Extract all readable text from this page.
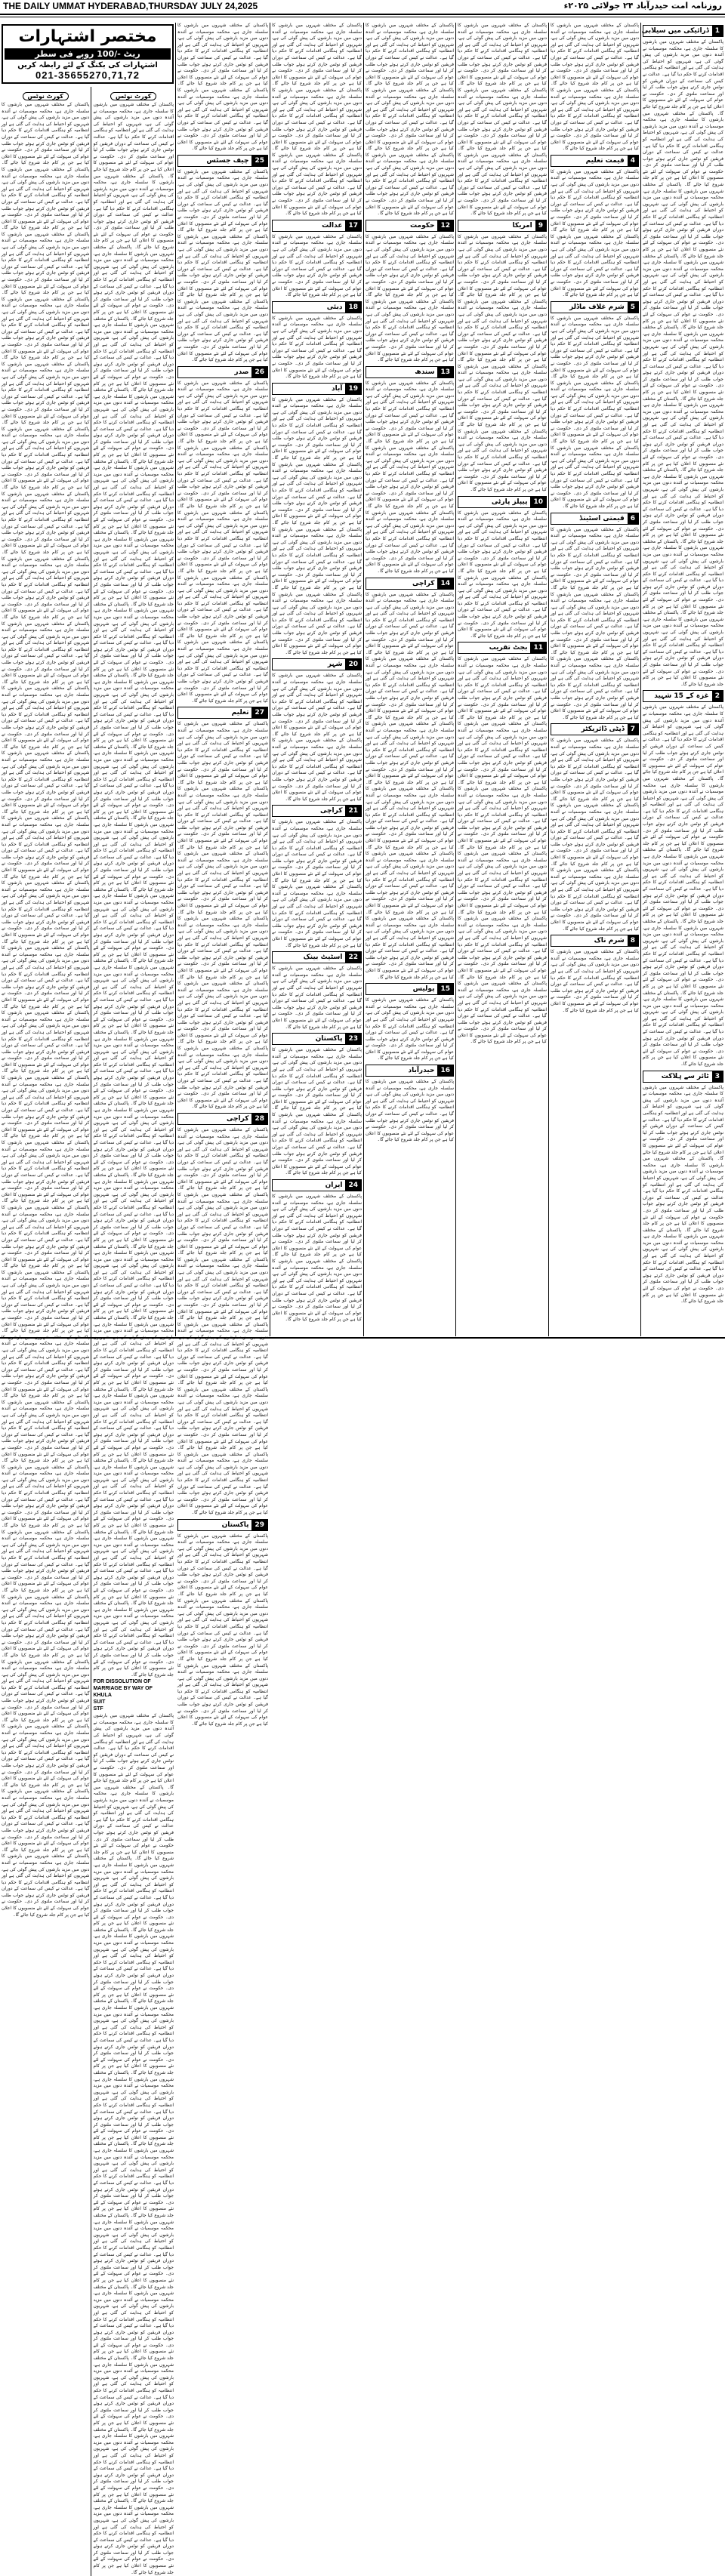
THE DAILY UMMAT HYDERABAD,THURSDAY JULY 24,2025	روزنامہ امت حیدرآباد ۲۴ جولائی ۲۰۲۵ء
مختصر اشتہارات
ریٹ -/100 روپے فی سطر
اشتہارات کی بکنگ کے لئے رابطہ کریں
021-35655270,71,72
کورٹ نوٹس

پاکستان کے مختلف شہروں میں بارشوں کا سلسلہ جاری ہے، محکمہ موسمیات نے آئندہ دنوں میں مزید بارشوں کی پیش گوئی کی ہے، شہریوں کو احتیاط کی ہدایت کی گئی ہے اور انتظامیہ کو ہنگامی اقدامات کرنے کا حکم دیا گیا ہے۔ عدالت نے کیس کی سماعت کے دوران فریقین کو نوٹس جاری کرتے ہوئے جواب طلب کر لیا اور سماعت ملتوی کر دی۔ حکومت نے عوام کی سہولت کے لئے نئے منصوبوں کا اعلان کیا ہے جن پر کام جلد شروع کیا جائے گا۔ پاکستان کے مختلف شہروں میں بارشوں کا سلسلہ جاری ہے، محکمہ موسمیات نے آئندہ دنوں میں مزید بارشوں کی پیش گوئی کی ہے، شہریوں کو احتیاط کی ہدایت کی گئی ہے اور انتظامیہ کو ہنگامی اقدامات کرنے کا حکم دیا گیا ہے۔ عدالت نے کیس کی سماعت کے دوران فریقین کو نوٹس جاری کرتے ہوئے جواب طلب کر لیا اور سماعت ملتوی کر دی۔ حکومت نے عوام کی سہولت کے لئے نئے منصوبوں کا اعلان کیا ہے جن پر کام جلد شروع کیا جائے گا۔ پاکستان کے مختلف شہروں میں بارشوں کا سلسلہ جاری ہے، محکمہ موسمیات نے آئندہ دنوں میں مزید بارشوں کی پیش گوئی کی ہے، شہریوں کو احتیاط کی ہدایت کی گئی ہے اور انتظامیہ کو ہنگامی اقدامات کرنے کا حکم دیا گیا ہے۔ عدالت نے کیس کی سماعت کے دوران فریقین کو نوٹس جاری کرتے ہوئے جواب طلب کر لیا اور سماعت ملتوی کر دی۔ حکومت نے عوام کی سہولت کے لئے نئے منصوبوں کا اعلان کیا ہے جن پر کام جلد شروع کیا جائے گا۔ پاکستان کے مختلف شہروں میں بارشوں کا سلسلہ جاری ہے، محکمہ موسمیات نے آئندہ دنوں میں مزید بارشوں کی پیش گوئی کی ہے، شہریوں کو احتیاط کی ہدایت کی گئی ہے اور انتظامیہ کو ہنگامی اقدامات کرنے کا حکم دیا گیا ہے۔ عدالت نے کیس کی سماعت کے دوران فریقین کو نوٹس جاری کرتے ہوئے جواب طلب کر لیا اور سماعت ملتوی کر دی۔ حکومت نے عوام کی سہولت کے لئے نئے منصوبوں کا اعلان کیا ہے جن پر کام جلد شروع کیا جائے گا۔ پاکستان کے مختلف شہروں میں بارشوں کا سلسلہ جاری ہے، محکمہ موسمیات نے آئندہ دنوں میں مزید بارشوں کی پیش گوئی کی ہے، شہریوں کو احتیاط کی ہدایت کی گئی ہے اور انتظامیہ کو ہنگامی اقدامات کرنے کا حکم دیا گیا ہے۔ عدالت نے کیس کی سماعت کے دوران فریقین کو نوٹس جاری کرتے ہوئے جواب طلب کر لیا اور سماعت ملتوی کر دی۔ حکومت نے عوام کی سہولت کے لئے نئے منصوبوں کا اعلان کیا ہے جن پر کام جلد شروع کیا جائے گا۔ پاکستان کے مختلف شہروں میں بارشوں کا سلسلہ جاری ہے، محکمہ موسمیات نے آئندہ دنوں میں مزید بارشوں کی پیش گوئی کی ہے، شہریوں کو احتیاط کی ہدایت کی گئی ہے اور انتظامیہ کو ہنگامی اقدامات کرنے کا حکم دیا گیا ہے۔ عدالت نے کیس کی سماعت کے دوران فریقین کو نوٹس جاری کرتے ہوئے جواب طلب کر لیا اور سماعت ملتوی کر دی۔ حکومت نے عوام کی سہولت کے لئے نئے منصوبوں کا اعلان کیا ہے جن پر کام جلد شروع کیا جائے گا۔ پاکستان کے مختلف شہروں میں بارشوں کا سلسلہ جاری ہے، محکمہ موسمیات نے آئندہ دنوں میں مزید بارشوں کی پیش گوئی کی ہے، شہریوں کو احتیاط کی ہدایت کی گئی ہے اور انتظامیہ کو ہنگامی اقدامات کرنے کا حکم دیا گیا ہے۔ عدالت نے کیس کی سماعت کے دوران فریقین کو نوٹس جاری کرتے ہوئے جواب طلب کر لیا اور سماعت ملتوی کر دی۔ حکومت نے عوام کی سہولت کے لئے نئے منصوبوں کا اعلان کیا ہے جن پر کام جلد شروع کیا جائے گا۔ پاکستان کے مختلف شہروں میں بارشوں کا سلسلہ جاری ہے، محکمہ موسمیات نے آئندہ دنوں میں مزید بارشوں کی پیش گوئی کی ہے، شہریوں کو احتیاط کی ہدایت کی گئی ہے اور انتظامیہ کو ہنگامی اقدامات کرنے کا حکم دیا گیا ہے۔ عدالت نے کیس کی سماعت کے دوران فریقین کو نوٹس جاری کرتے ہوئے جواب طلب کر لیا اور سماعت ملتوی کر دی۔ حکومت نے عوام کی سہولت کے لئے نئے منصوبوں کا اعلان کیا ہے جن پر کام جلد شروع کیا جائے گا۔ پاکستان کے مختلف شہروں میں بارشوں کا سلسلہ جاری ہے، محکمہ موسمیات نے آئندہ دنوں میں مزید بارشوں کی پیش گوئی کی ہے، شہریوں کو احتیاط کی ہدایت کی گئی ہے اور انتظامیہ کو ہنگامی اقدامات کرنے کا حکم دیا گیا ہے۔ عدالت نے کیس کی سماعت کے دوران فریقین کو نوٹس جاری کرتے ہوئے جواب طلب کر لیا اور سماعت ملتوی کر دی۔ حکومت نے عوام کی سہولت کے لئے نئے منصوبوں کا اعلان کیا ہے جن پر کام جلد شروع کیا جائے گا۔ پاکستان کے مختلف شہروں میں بارشوں کا سلسلہ جاری ہے، محکمہ موسمیات نے آئندہ دنوں میں مزید بارشوں کی پیش گوئی کی ہے، شہریوں کو احتیاط کی ہدایت کی گئی ہے اور انتظامیہ کو ہنگامی اقدامات کرنے کا حکم دیا گیا ہے۔ عدالت نے کیس کی سماعت کے دوران فریقین کو نوٹس جاری کرتے ہوئے جواب طلب کر لیا اور سماعت ملتوی کر دی۔ حکومت نے عوام کی سہولت کے لئے نئے منصوبوں کا اعلان کیا ہے جن پر کام جلد شروع کیا جائے گا۔ پاکستان کے مختلف شہروں میں بارشوں کا سلسلہ جاری ہے، محکمہ موسمیات نے آئندہ دنوں میں مزید بارشوں کی پیش گوئی کی ہے، شہریوں کو احتیاط کی ہدایت کی گئی ہے اور انتظامیہ کو ہنگامی اقدامات کرنے کا حکم دیا گیا ہے۔ عدالت نے کیس کی سماعت کے دوران فریقین کو نوٹس جاری کرتے ہوئے جواب طلب کر لیا اور سماعت ملتوی کر دی۔ حکومت نے عوام کی سہولت کے لئے نئے منصوبوں کا اعلان کیا ہے جن پر کام جلد شروع کیا جائے گا۔ پاکستان کے مختلف شہروں میں بارشوں کا سلسلہ جاری ہے، محکمہ موسمیات نے آئندہ دنوں میں مزید بارشوں کی پیش گوئی کی ہے، شہریوں کو احتیاط کی ہدایت کی گئی ہے اور انتظامیہ کو ہنگامی اقدامات کرنے کا حکم دیا گیا ہے۔ عدالت نے کیس کی سماعت کے دوران فریقین کو نوٹس جاری کرتے ہوئے جواب طلب کر لیا اور سماعت ملتوی کر دی۔ حکومت نے عوام کی سہولت کے لئے نئے منصوبوں کا اعلان کیا ہے جن پر کام جلد شروع کیا جائے گا۔ پاکستان کے مختلف شہروں میں بارشوں کا سلسلہ جاری ہے، محکمہ موسمیات نے آئندہ دنوں میں مزید بارشوں کی پیش گوئی کی ہے، شہریوں کو احتیاط کی ہدایت کی گئی ہے اور انتظامیہ کو ہنگامی اقدامات کرنے کا حکم دیا گیا ہے۔ عدالت نے کیس کی سماعت کے دوران فریقین کو نوٹس جاری کرتے ہوئے جواب طلب کر لیا اور سماعت ملتوی کر دی۔ حکومت نے عوام کی سہولت کے لئے نئے منصوبوں کا اعلان کیا ہے جن پر کام جلد شروع کیا جائے گا۔ پاکستان کے مختلف شہروں میں بارشوں کا سلسلہ جاری ہے، محکمہ موسمیات نے آئندہ دنوں میں مزید بارشوں کی پیش گوئی کی ہے، شہریوں کو احتیاط کی ہدایت کی گئی ہے اور انتظامیہ کو ہنگامی اقدامات کرنے کا حکم دیا گیا ہے۔ عدالت نے کیس کی سماعت کے دوران فریقین کو نوٹس جاری کرتے ہوئے جواب طلب کر لیا اور سماعت ملتوی کر دی۔ حکومت نے عوام کی سہولت کے لئے نئے منصوبوں کا اعلان کیا ہے جن پر کام جلد شروع کیا جائے گا۔ پاکستان کے مختلف شہروں میں بارشوں کا سلسلہ جاری ہے، محکمہ موسمیات نے آئندہ دنوں میں مزید بارشوں کی پیش گوئی کی ہے، شہریوں کو احتیاط کی ہدایت کی گئی ہے اور انتظامیہ کو ہنگامی اقدامات کرنے کا حکم دیا گیا ہے۔ عدالت نے کیس کی سماعت کے دوران فریقین کو نوٹس جاری کرتے ہوئے جواب طلب کر لیا اور سماعت ملتوی کر دی۔ حکومت نے عوام کی سہولت کے لئے نئے منصوبوں کا اعلان کیا ہے جن پر کام جلد شروع کیا جائے گا۔ پاکستان کے مختلف شہروں میں بارشوں کا سلسلہ جاری ہے، محکمہ موسمیات نے آئندہ دنوں میں مزید بارشوں کی پیش گوئی کی ہے، شہریوں کو احتیاط کی ہدایت کی گئی ہے اور انتظامیہ کو ہنگامی اقدامات کرنے کا حکم دیا گیا ہے۔ عدالت نے کیس کی سماعت کے دوران فریقین کو نوٹس جاری کرتے ہوئے جواب طلب کر لیا اور سماعت ملتوی کر دی۔ حکومت نے عوام کی سہولت کے لئے نئے منصوبوں کا اعلان کیا ہے جن پر کام جلد شروع کیا جائے گا۔ پاکستان کے مختلف شہروں میں بارشوں کا سلسلہ جاری ہے، محکمہ موسمیات نے آئندہ دنوں میں مزید بارشوں کی پیش گوئی کی ہے، شہریوں کو احتیاط کی ہدایت کی گئی ہے اور انتظامیہ کو ہنگامی اقدامات کرنے کا حکم دیا گیا ہے۔ عدالت نے کیس کی سماعت کے دوران فریقین کو نوٹس جاری کرتے ہوئے جواب طلب کر لیا اور سماعت ملتوی کر دی۔ حکومت نے عوام کی سہولت کے لئے نئے منصوبوں کا اعلان کیا ہے جن پر کام جلد شروع کیا جائے گا۔ پاکستان کے مختلف شہروں میں بارشوں کا سلسلہ جاری ہے، محکمہ موسمیات نے آئندہ دنوں میں مزید بارشوں کی پیش گوئی کی ہے، شہریوں کو احتیاط کی ہدایت کی گئی ہے اور انتظامیہ کو ہنگامی اقدامات کرنے کا حکم دیا گیا ہے۔ عدالت نے کیس کی سماعت کے دوران فریقین کو نوٹس جاری کرتے ہوئے جواب طلب کر لیا اور سماعت ملتوی کر دی۔ حکومت نے عوام کی سہولت کے لئے نئے منصوبوں کا اعلان کیا ہے جن پر کام جلد شروع کیا جائے گا۔ پاکستان کے مختلف شہروں میں بارشوں کا سلسلہ جاری ہے، محکمہ موسمیات نے آئندہ دنوں میں مزید بارشوں کی پیش گوئی کی ہے، شہریوں کو احتیاط کی ہدایت کی گئی ہے اور انتظامیہ کو ہنگامی اقدامات کرنے کا حکم دیا گیا ہے۔ عدالت نے کیس کی سماعت کے دوران فریقین کو نوٹس جاری کرتے ہوئے جواب طلب کر لیا اور سماعت ملتوی کر دی۔ حکومت نے عوام کی سہولت کے لئے نئے منصوبوں کا اعلان کیا ہے جن پر کام جلد شروع کیا جائے گا۔ سلسلہ جاری ہے، محکمہ موسمیات نے آئندہ دنوں میں مزید بارشوں کی پیش گوئی کی ہے، شہریوں کو احتیاط کی ہدایت کی گئی ہے اور انتظامیہ کو ہنگامی اقدامات کرنے کا حکم دیا گیا ہے۔ عدالت نے کیس کی سماعت کے دوران فریقین کو نوٹس جاری کرتے ہوئے جواب طلب کر لیا اور سماعت ملتوی کر دی۔ حکومت نے عوام کی سہولت کے لئے نئے منصوبوں کا اعلان کیا ہے جن پر کام جلد شروع کیا جائے گا۔ پاکستان کے مختلف شہروں میں بارشوں کا سلسلہ جاری ہے، محکمہ موسمیات نے آئندہ دنوں میں مزید بارشوں کی پیش گوئی کی ہے، شہریوں کو احتیاط کی ہدایت کی گئی ہے اور انتظامیہ کو ہنگامی اقدامات کرنے کا حکم دیا گیا ہے۔ عدالت نے کیس کی سماعت کے دوران فریقین کو نوٹس جاری کرتے ہوئے جواب طلب کر لیا اور سماعت ملتوی کر دی۔ حکومت نے عوام کی سہولت کے لئے نئے منصوبوں کا اعلان کیا ہے جن پر کام جلد شروع کیا جائے گا۔ پاکستان کے مختلف شہروں میں بارشوں کا سلسلہ جاری ہے، محکمہ موسمیات نے آئندہ دنوں میں مزید بارشوں کی پیش گوئی کی ہے، شہریوں کو احتیاط کی ہدایت کی گئی ہے اور انتظامیہ کو ہنگامی اقدامات کرنے کا حکم دیا گیا ہے۔ عدالت نے کیس کی سماعت کے دوران فریقین کو نوٹس جاری کرتے ہوئے جواب طلب کر لیا اور سماعت ملتوی کر دی۔ حکومت نے عوام کی سہولت کے لئے نئے منصوبوں کا اعلان کیا ہے جن پر کام جلد شروع کیا جائے گا۔ پاکستان کے مختلف شہروں میں بارشوں کا سلسلہ جاری ہے، محکمہ موسمیات نے آئندہ دنوں میں مزید بارشوں کی پیش گوئی کی ہے، شہریوں کو احتیاط کی ہدایت کی گئی ہے اور انتظامیہ کو ہنگامی اقدامات کرنے کا حکم دیا گیا ہے۔ عدالت نے کیس کی سماعت کے دوران فریقین کو نوٹس جاری کرتے ہوئے جواب طلب کر لیا اور سماعت ملتوی کر دی۔ حکومت نے عوام کی سہولت کے لئے نئے منصوبوں کا اعلان کیا ہے جن پر کام جلد شروع کیا جائے گا۔ پاکستان کے مختلف شہروں میں بارشوں کا سلسلہ جاری ہے، محکمہ موسمیات نے آئندہ دنوں میں مزید بارشوں کی پیش گوئی کی ہے، شہریوں کو احتیاط کی ہدایت کی گئی ہے اور انتظامیہ کو ہنگامی اقدامات کرنے کا حکم دیا گیا ہے۔ عدالت نے کیس کی سماعت کے دوران فریقین کو نوٹس جاری کرتے ہوئے جواب طلب کر لیا اور سماعت ملتوی کر دی۔ حکومت نے عوام کی سہولت کے لئے نئے منصوبوں کا اعلان کیا ہے جن پر کام جلد شروع کیا جائے گا۔ پاکستان کے مختلف شہروں میں بارشوں کا سلسلہ جاری ہے، محکمہ موسمیات نے آئندہ دنوں میں مزید بارشوں کی پیش گوئی کی ہے، شہریوں کو احتیاط کی ہدایت کی گئی ہے اور انتظامیہ کو ہنگامی اقدامات کرنے کا حکم دیا گیا ہے۔ عدالت نے کیس کی سماعت کے دوران فریقین کو نوٹس جاری کرتے ہوئے جواب طلب کر لیا اور سماعت ملتوی کر دی۔ حکومت نے عوام کی سہولت کے لئے نئے منصوبوں کا اعلان کیا ہے جن پر کام جلد شروع کیا جائے گا۔ پاکستان کے مختلف شہروں میں بارشوں کا سلسلہ جاری ہے، محکمہ موسمیات نے آئندہ دنوں میں مزید بارشوں کی پیش گوئی کی ہے، شہریوں کو احتیاط کی ہدایت کی گئی ہے اور انتظامیہ کو ہنگامی اقدامات کرنے کا حکم دیا گیا ہے۔ عدالت نے کیس کی سماعت کے دوران فریقین کو نوٹس جاری کرتے ہوئے جواب طلب کر لیا اور سماعت ملتوی کر دی۔ حکومت نے عوام کی سہولت کے لئے نئے منصوبوں کا اعلان کیا ہے جن پر کام جلد شروع کیا جائے گا۔ پاکستان کے مختلف شہروں میں بارشوں کا سلسلہ جاری ہے، محکمہ موسمیات نے آئندہ دنوں میں مزید بارشوں کی پیش گوئی کی ہے، شہریوں کو احتیاط کی ہدایت کی گئی ہے اور انتظامیہ کو ہنگامی اقدامات کرنے کا حکم دیا گیا ہے۔ عدالت نے کیس کی سماعت کے دوران فریقین کو نوٹس جاری کرتے ہوئے جواب طلب کر لیا اور سماعت ملتوی کر دی۔ حکومت نے عوام کی سہولت کے لئے نئے منصوبوں کا اعلان کیا ہے جن پر کام جلد شروع کیا جائے گا۔ پاکستان کے مختلف شہروں میں بارشوں کا سلسلہ جاری ہے، محکمہ موسمیات نے آئندہ دنوں میں مزید بارشوں کی پیش گوئی کی ہے، شہریوں کو احتیاط کی ہدایت کی گئی ہے اور انتظامیہ کو ہنگامی اقدامات کرنے کا حکم دیا گیا ہے۔ عدالت نے کیس کی سماعت کے دوران فریقین کو نوٹس جاری کرتے ہوئے جواب طلب کر لیا اور سماعت ملتوی کر دی۔ حکومت نے عوام کی سہولت کے لئے نئے منصوبوں کا اعلان کیا ہے جن پر کام جلد شروع کیا جائے گا۔

کورٹ نوٹس

پاکستان کے مختلف شہروں میں بارشوں کا سلسلہ جاری ہے، محکمہ موسمیات نے آئندہ دنوں میں مزید بارشوں کی پیش گوئی کی ہے، شہریوں کو احتیاط کی ہدایت کی گئی ہے اور انتظامیہ کو ہنگامی اقدامات کرنے کا حکم دیا گیا ہے۔ عدالت نے کیس کی سماعت کے دوران فریقین کو نوٹس جاری کرتے ہوئے جواب طلب کر لیا اور سماعت ملتوی کر دی۔ حکومت نے عوام کی سہولت کے لئے نئے منصوبوں کا اعلان کیا ہے جن پر کام جلد شروع کیا جائے گا۔ پاکستان کے مختلف شہروں میں بارشوں کا سلسلہ جاری ہے، محکمہ موسمیات نے آئندہ دنوں میں مزید بارشوں کی پیش گوئی کی ہے، شہریوں کو احتیاط کی ہدایت کی گئی ہے اور انتظامیہ کو ہنگامی اقدامات کرنے کا حکم دیا گیا ہے۔ عدالت نے کیس کی سماعت کے دوران فریقین کو نوٹس جاری کرتے ہوئے جواب طلب کر لیا اور سماعت ملتوی کر دی۔ حکومت نے عوام کی سہولت کے لئے نئے منصوبوں کا اعلان کیا ہے جن پر کام جلد شروع کیا جائے گا۔ پاکستان کے مختلف شہروں میں بارشوں کا سلسلہ جاری ہے، محکمہ موسمیات نے آئندہ دنوں میں مزید بارشوں کی پیش گوئی کی ہے، شہریوں کو احتیاط کی ہدایت کی گئی ہے اور انتظامیہ کو ہنگامی اقدامات کرنے کا حکم دیا گیا ہے۔ عدالت نے کیس کی سماعت کے دوران فریقین کو نوٹس جاری کرتے ہوئے جواب طلب کر لیا اور سماعت ملتوی کر دی۔ حکومت نے عوام کی سہولت کے لئے نئے منصوبوں کا اعلان کیا ہے جن پر کام جلد شروع کیا جائے گا۔ پاکستان کے مختلف شہروں میں بارشوں کا سلسلہ جاری ہے، محکمہ موسمیات نے آئندہ دنوں میں مزید بارشوں کی پیش گوئی کی ہے، شہریوں کو احتیاط کی ہدایت کی گئی ہے اور انتظامیہ کو ہنگامی اقدامات کرنے کا حکم دیا گیا ہے۔ عدالت نے کیس کی سماعت کے دوران فریقین کو نوٹس جاری کرتے ہوئے جواب طلب کر لیا اور سماعت ملتوی کر دی۔ حکومت نے عوام کی سہولت کے لئے نئے منصوبوں کا اعلان کیا ہے جن پر کام جلد شروع کیا جائے گا۔ پاکستان کے مختلف شہروں میں بارشوں کا سلسلہ جاری ہے، محکمہ موسمیات نے آئندہ دنوں میں مزید بارشوں کی پیش گوئی کی ہے، شہریوں کو احتیاط کی ہدایت کی گئی ہے اور انتظامیہ کو ہنگامی اقدامات کرنے کا حکم دیا گیا ہے۔ عدالت نے کیس کی سماعت کے دوران فریقین کو نوٹس جاری کرتے ہوئے جواب طلب کر لیا اور سماعت ملتوی کر دی۔ حکومت نے عوام کی سہولت کے لئے نئے منصوبوں کا اعلان کیا ہے جن پر کام جلد شروع کیا جائے گا۔ پاکستان کے مختلف شہروں میں بارشوں کا سلسلہ جاری ہے، محکمہ موسمیات نے آئندہ دنوں میں مزید بارشوں کی پیش گوئی کی ہے، شہریوں کو احتیاط کی ہدایت کی گئی ہے اور انتظامیہ کو ہنگامی اقدامات کرنے کا حکم دیا گیا ہے۔ عدالت نے کیس کی سماعت کے دوران فریقین کو نوٹس جاری کرتے ہوئے جواب طلب کر لیا اور سماعت ملتوی کر دی۔ حکومت نے عوام کی سہولت کے لئے نئے منصوبوں کا اعلان کیا ہے جن پر کام جلد شروع کیا جائے گا۔ پاکستان کے مختلف شہروں میں بارشوں کا سلسلہ جاری ہے، محکمہ موسمیات نے آئندہ دنوں میں مزید بارشوں کی پیش گوئی کی ہے، شہریوں کو احتیاط کی ہدایت کی گئی ہے اور انتظامیہ کو ہنگامی اقدامات کرنے کا حکم دیا گیا ہے۔ عدالت نے کیس کی سماعت کے دوران فریقین کو نوٹس جاری کرتے ہوئے جواب طلب کر لیا اور سماعت ملتوی کر دی۔ حکومت نے عوام کی سہولت کے لئے نئے منصوبوں کا اعلان کیا ہے جن پر کام جلد شروع کیا جائے گا۔ پاکستان کے مختلف شہروں میں بارشوں کا سلسلہ جاری ہے، محکمہ موسمیات نے آئندہ دنوں میں مزید بارشوں کی پیش گوئی کی ہے، شہریوں کو احتیاط کی ہدایت کی گئی ہے اور انتظامیہ کو ہنگامی اقدامات کرنے کا حکم دیا گیا ہے۔ عدالت نے کیس کی سماعت کے دوران فریقین کو نوٹس جاری کرتے ہوئے جواب طلب کر لیا اور سماعت ملتوی کر دی۔ حکومت نے عوام کی سہولت کے لئے نئے منصوبوں کا اعلان کیا ہے جن پر کام جلد شروع کیا جائے گا۔ پاکستان کے مختلف شہروں میں بارشوں کا سلسلہ جاری ہے، محکمہ موسمیات نے آئندہ دنوں میں مزید بارشوں کی پیش گوئی کی ہے، شہریوں کو احتیاط کی ہدایت کی گئی ہے اور انتظامیہ کو ہنگامی اقدامات کرنے کا حکم دیا گیا ہے۔ عدالت نے کیس کی سماعت کے دوران فریقین کو نوٹس جاری کرتے ہوئے جواب طلب کر لیا اور سماعت ملتوی کر دی۔ حکومت نے عوام کی سہولت کے لئے نئے منصوبوں کا اعلان کیا ہے جن پر کام جلد شروع کیا جائے گا۔ پاکستان کے مختلف شہروں میں بارشوں کا سلسلہ جاری ہے، محکمہ موسمیات نے آئندہ دنوں میں مزید بارشوں کی پیش گوئی کی ہے، شہریوں کو احتیاط کی ہدایت کی گئی ہے اور انتظامیہ کو ہنگامی اقدامات کرنے کا حکم دیا گیا ہے۔ عدالت نے کیس کی سماعت کے دوران فریقین کو نوٹس جاری کرتے ہوئے جواب طلب کر لیا اور سماعت ملتوی کر دی۔ حکومت نے عوام کی سہولت کے لئے نئے منصوبوں کا اعلان کیا ہے جن پر کام جلد شروع کیا جائے گا۔ پاکستان کے مختلف شہروں میں بارشوں کا سلسلہ جاری ہے، محکمہ موسمیات نے آئندہ دنوں میں مزید بارشوں کی پیش گوئی کی ہے، شہریوں کو احتیاط کی ہدایت کی گئی ہے اور انتظامیہ کو ہنگامی اقدامات کرنے کا حکم دیا گیا ہے۔ عدالت نے کیس کی سماعت کے دوران فریقین کو نوٹس جاری کرتے ہوئے جواب طلب کر لیا اور سماعت ملتوی کر دی۔ حکومت نے عوام کی سہولت کے لئے نئے منصوبوں کا اعلان کیا ہے جن پر کام جلد شروع کیا جائے گا۔ پاکستان کے مختلف شہروں میں بارشوں کا سلسلہ جاری ہے، محکمہ موسمیات نے آئندہ دنوں میں مزید بارشوں کی پیش گوئی کی ہے، شہریوں کو احتیاط کی ہدایت کی گئی ہے اور انتظامیہ کو ہنگامی اقدامات کرنے کا حکم دیا گیا ہے۔ عدالت نے کیس کی سماعت کے دوران فریقین کو نوٹس جاری کرتے ہوئے جواب طلب کر لیا اور سماعت ملتوی کر دی۔ حکومت نے عوام کی سہولت کے لئے نئے منصوبوں کا اعلان کیا ہے جن پر کام جلد شروع کیا جائے گا۔ پاکستان کے مختلف شہروں میں بارشوں کا سلسلہ جاری ہے، محکمہ موسمیات نے آئندہ دنوں میں مزید بارشوں کی پیش گوئی کی ہے، شہریوں کو احتیاط کی ہدایت کی گئی ہے اور انتظامیہ کو ہنگامی اقدامات کرنے کا حکم دیا گیا ہے۔ عدالت نے کیس کی سماعت کے دوران فریقین کو نوٹس جاری کرتے ہوئے جواب طلب کر لیا اور سماعت ملتوی کر دی۔ حکومت نے عوام کی سہولت کے لئے نئے منصوبوں کا اعلان کیا ہے جن پر کام جلد شروع کیا جائے گا۔ پاکستان کے مختلف شہروں میں بارشوں کا سلسلہ جاری ہے، محکمہ موسمیات نے آئندہ دنوں میں مزید بارشوں کی پیش گوئی کی ہے، شہریوں کو احتیاط کی ہدایت کی گئی ہے اور انتظامیہ کو ہنگامی اقدامات کرنے کا حکم دیا گیا ہے۔ عدالت نے کیس کی سماعت کے دوران فریقین کو نوٹس جاری کرتے ہوئے جواب طلب کر لیا اور سماعت ملتوی کر دی۔ حکومت نے عوام کی سہولت کے لئے نئے منصوبوں کا اعلان کیا ہے جن پر کام جلد شروع کیا جائے گا۔ پاکستان کے مختلف شہروں میں بارشوں کا سلسلہ جاری ہے، محکمہ موسمیات نے آئندہ دنوں میں مزید بارشوں کی پیش گوئی کی ہے، شہریوں کو احتیاط کی ہدایت کی گئی ہے اور انتظامیہ کو ہنگامی اقدامات کرنے کا حکم دیا گیا ہے۔ عدالت نے کیس کی سماعت کے دوران فریقین کو نوٹس جاری کرتے ہوئے جواب طلب کر لیا اور سماعت ملتوی کر دی۔ حکومت نے عوام کی سہولت کے لئے نئے منصوبوں کا اعلان کیا ہے جن پر کام جلد شروع کیا جائے گا۔ پاکستان کے مختلف شہروں میں بارشوں کا سلسلہ جاری ہے، محکمہ موسمیات نے آئندہ دنوں میں مزید بارشوں کی پیش گوئی کی ہے، شہریوں کو احتیاط کی ہدایت کی گئی ہے اور انتظامیہ کو ہنگامی اقدامات کرنے کا حکم دیا گیا ہے۔ عدالت نے کیس کی سماعت کے دوران فریقین کو نوٹس جاری کرتے ہوئے جواب طلب کر لیا اور سماعت ملتوی کر دی۔ حکومت نے عوام کی سہولت کے لئے نئے منصوبوں کا اعلان کیا ہے جن پر کام جلد شروع کیا جائے گا۔ پاکستان کے مختلف شہروں میں بارشوں کا سلسلہ جاری ہے، محکمہ موسمیات نے آئندہ دنوں میں مزید بارشوں کی پیش گوئی کی ہے، شہریوں کو احتیاط کی ہدایت کی گئی ہے اور انتظامیہ کو ہنگامی اقدامات کرنے کا حکم دیا گیا ہے۔ عدالت نے کیس کی سماعت کے دوران فریقین کو نوٹس جاری کرتے ہوئے جواب طلب کر لیا اور سماعت ملتوی کر دی۔ حکومت نے عوام کی سہولت کے لئے نئے منصوبوں کا اعلان کیا ہے جن پر کام جلد شروع کیا جائے گا۔ پاکستان کے مختلف شہروں میں بارشوں کا سلسلہ جاری ہے، محکمہ موسمیات نے آئندہ دنوں میں مزید کو احتیاط کی ہدایت کی گئی ہے اور انتظامیہ کو ہنگامی اقدامات کرنے کا حکم دیا گیا ہے۔ عدالت نے کیس کی سماعت کے دوران فریقین کو نوٹس جاری کرتے ہوئے جواب طلب کر لیا اور سماعت ملتوی کر دی۔ حکومت نے عوام کی سہولت کے لئے نئے منصوبوں کا اعلان کیا ہے جن پر کام جلد شروع کیا جائے گا۔ پاکستان کے مختلف شہروں میں بارشوں کا سلسلہ جاری ہے، محکمہ موسمیات نے آئندہ دنوں میں مزید بارشوں کی پیش گوئی کی ہے، شہریوں کو احتیاط کی ہدایت کی گئی ہے اور انتظامیہ کو ہنگامی اقدامات کرنے کا حکم دیا گیا ہے۔ عدالت نے کیس کی سماعت کے دوران فریقین کو نوٹس جاری کرتے ہوئے جواب طلب کر لیا اور سماعت ملتوی کر دی۔ حکومت نے عوام کی سہولت کے لئے نئے منصوبوں کا اعلان کیا ہے جن پر کام جلد شروع کیا جائے گا۔ پاکستان کے مختلف شہروں میں بارشوں کا سلسلہ جاری ہے، محکمہ موسمیات نے آئندہ دنوں میں مزید بارشوں کی پیش گوئی کی ہے، شہریوں کو احتیاط کی ہدایت کی گئی ہے اور انتظامیہ کو ہنگامی اقدامات کرنے کا حکم دیا گیا ہے۔ عدالت نے کیس کی سماعت کے دوران فریقین کو نوٹس جاری کرتے ہوئے جواب طلب کر لیا اور سماعت ملتوی کر دی۔ حکومت نے عوام کی سہولت کے لئے نئے منصوبوں کا اعلان کیا ہے جن پر کام جلد شروع کیا جائے گا۔ پاکستان کے مختلف شہروں میں بارشوں کا سلسلہ جاری ہے، محکمہ موسمیات نے آئندہ دنوں میں مزید بارشوں کی پیش گوئی کی ہے، شہریوں کو احتیاط کی ہدایت کی گئی ہے اور انتظامیہ کو ہنگامی اقدامات کرنے کا حکم دیا گیا ہے۔ عدالت نے کیس کی سماعت کے دوران فریقین کو نوٹس جاری کرتے ہوئے جواب طلب کر لیا اور سماعت ملتوی کر دی۔ حکومت نے عوام کی سہولت کے لئے نئے منصوبوں کا اعلان کیا ہے جن پر کام جلد شروع کیا جائے گا۔ پاکستان کے مختلف شہروں میں بارشوں کا سلسلہ جاری ہے، محکمہ موسمیات نے آئندہ دنوں میں مزید بارشوں کی پیش گوئی کی ہے، شہریوں کو احتیاط کی ہدایت کی گئی ہے اور انتظامیہ کو ہنگامی اقدامات کرنے کا حکم دیا گیا ہے۔ عدالت نے کیس کی سماعت کے دوران فریقین کو نوٹس جاری کرتے ہوئے جواب طلب کر لیا اور سماعت ملتوی کر دی۔ حکومت نے عوام کی سہولت کے لئے نئے منصوبوں کا اعلان کیا ہے جن پر کام جلد شروع کیا جائے گا۔

FOR DISSOLUTION OF
MARRIAGE BY WAY OF
KHULA
SUIT
STF

پاکستان کے مختلف شہروں میں بارشوں کا سلسلہ جاری ہے، محکمہ موسمیات نے آئندہ دنوں میں مزید بارشوں کی پیش گوئی کی ہے، شہریوں کو احتیاط کی ہدایت کی گئی ہے اور انتظامیہ کو ہنگامی اقدامات کرنے کا حکم دیا گیا ہے۔ عدالت نے کیس کی سماعت کے دوران فریقین کو نوٹس جاری کرتے ہوئے جواب طلب کر لیا اور سماعت ملتوی کر دی۔ حکومت نے عوام کی سہولت کے لئے نئے منصوبوں کا اعلان کیا ہے جن پر کام جلد شروع کیا جائے گا۔ پاکستان کے مختلف شہروں میں بارشوں کا سلسلہ جاری ہے، محکمہ موسمیات نے آئندہ دنوں میں مزید بارشوں کی پیش گوئی کی ہے، شہریوں کو احتیاط کی ہدایت کی گئی ہے اور انتظامیہ کو ہنگامی اقدامات کرنے کا حکم دیا گیا ہے۔ عدالت نے کیس کی سماعت کے دوران فریقین کو نوٹس جاری کرتے ہوئے جواب طلب کر لیا اور سماعت ملتوی کر دی۔ حکومت نے عوام کی سہولت کے لئے نئے منصوبوں کا اعلان کیا ہے جن پر کام جلد شروع کیا جائے گا۔ پاکستان کے مختلف شہروں میں بارشوں کا سلسلہ جاری ہے، محکمہ موسمیات نے آئندہ دنوں میں مزید بارشوں کی پیش گوئی کی ہے، شہریوں کو احتیاط کی ہدایت کی گئی ہے اور انتظامیہ کو ہنگامی اقدامات کرنے کا حکم دیا گیا ہے۔ عدالت نے کیس کی سماعت کے دوران فریقین کو نوٹس جاری کرتے ہوئے جواب طلب کر لیا اور سماعت ملتوی کر دی۔ حکومت نے عوام کی سہولت کے لئے نئے منصوبوں کا اعلان کیا ہے جن پر کام جلد شروع کیا جائے گا۔ پاکستان کے مختلف شہروں میں بارشوں کا سلسلہ جاری ہے، محکمہ موسمیات نے آئندہ دنوں میں مزید بارشوں کی پیش گوئی کی ہے، شہریوں کو احتیاط کی ہدایت کی گئی ہے اور انتظامیہ کو ہنگامی اقدامات کرنے کا حکم دیا گیا ہے۔ عدالت نے کیس کی سماعت کے دوران فریقین کو نوٹس جاری کرتے ہوئے جواب طلب کر لیا اور سماعت ملتوی کر دی۔ حکومت نے عوام کی سہولت کے لئے نئے منصوبوں کا اعلان کیا ہے جن پر کام جلد شروع کیا جائے گا۔ پاکستان کے مختلف شہروں میں بارشوں کا سلسلہ جاری ہے، محکمہ موسمیات نے آئندہ دنوں میں مزید بارشوں کی پیش گوئی کی ہے، شہریوں کو احتیاط کی ہدایت کی گئی ہے اور انتظامیہ کو ہنگامی اقدامات کرنے کا حکم دیا گیا ہے۔ عدالت نے کیس کی سماعت کے دوران فریقین کو نوٹس جاری کرتے ہوئے جواب طلب کر لیا اور سماعت ملتوی کر دی۔ حکومت نے عوام کی سہولت کے لئے نئے منصوبوں کا اعلان کیا ہے جن پر کام جلد شروع کیا جائے گا۔ پاکستان کے مختلف شہروں میں بارشوں کا سلسلہ جاری ہے، محکمہ موسمیات نے آئندہ دنوں میں مزید بارشوں کی پیش گوئی کی ہے، شہریوں کو احتیاط کی ہدایت کی گئی ہے اور انتظامیہ کو ہنگامی اقدامات کرنے کا حکم دیا گیا ہے۔ عدالت نے کیس کی سماعت کے دوران فریقین کو نوٹس جاری کرتے ہوئے جواب طلب کر لیا اور سماعت ملتوی کر دی۔ حکومت نے عوام کی سہولت کے لئے نئے منصوبوں کا اعلان کیا ہے جن پر کام جلد شروع کیا جائے گا۔ پاکستان کے مختلف شہروں میں بارشوں کا سلسلہ جاری ہے، محکمہ موسمیات نے آئندہ دنوں میں مزید بارشوں کی پیش گوئی کی ہے، شہریوں کو احتیاط کی ہدایت کی گئی ہے اور انتظامیہ کو ہنگامی اقدامات کرنے کا حکم دیا گیا ہے۔ عدالت نے کیس کی سماعت کے دوران فریقین کو نوٹس جاری کرتے ہوئے جواب طلب کر لیا اور سماعت ملتوی کر دی۔ حکومت نے عوام کی سہولت کے لئے نئے منصوبوں کا اعلان کیا ہے جن پر کام جلد شروع کیا جائے گا۔ پاکستان کے مختلف شہروں میں بارشوں کا سلسلہ جاری ہے، محکمہ موسمیات نے آئندہ دنوں میں مزید بارشوں کی پیش گوئی کی ہے، شہریوں کو احتیاط کی ہدایت کی گئی ہے اور انتظامیہ کو ہنگامی اقدامات کرنے کا حکم دیا گیا ہے۔ عدالت نے کیس کی سماعت کے دوران فریقین کو نوٹس جاری کرتے ہوئے جواب طلب کر لیا اور سماعت ملتوی کر دی۔ حکومت نے عوام کی سہولت کے لئے نئے منصوبوں کا اعلان کیا ہے جن پر کام جلد شروع کیا جائے گا۔ پاکستان کے مختلف شہروں میں بارشوں کا سلسلہ جاری ہے، محکمہ موسمیات نے آئندہ دنوں میں مزید بارشوں کی پیش گوئی کی ہے، شہریوں کو احتیاط کی ہدایت کی گئی ہے اور انتظامیہ کو ہنگامی اقدامات کرنے کا حکم دیا گیا ہے۔ عدالت نے کیس کی سماعت کے دوران فریقین کو نوٹس جاری کرتے ہوئے جواب طلب کر لیا اور سماعت ملتوی کر دی۔ حکومت نے عوام کی سہولت کے لئے نئے منصوبوں کا اعلان کیا ہے جن پر کام جلد شروع کیا جائے گا۔ پاکستان کے مختلف شہروں میں بارشوں کا سلسلہ جاری ہے، محکمہ موسمیات نے آئندہ دنوں میں مزید بارشوں کی پیش گوئی کی ہے، شہریوں کو احتیاط کی ہدایت کی گئی ہے اور انتظامیہ کو ہنگامی اقدامات کرنے کا حکم دیا گیا ہے۔ عدالت نے کیس کی سماعت کے دوران فریقین کو نوٹس جاری کرتے ہوئے جواب طلب کر لیا اور سماعت ملتوی کر دی۔ حکومت نے عوام کی سہولت کے لئے نئے منصوبوں کا اعلان کیا ہے جن پر کام جلد شروع کیا جائے گا۔ پاکستان کے مختلف شہروں میں بارشوں کا سلسلہ جاری ہے، محکمہ موسمیات نے آئندہ دنوں میں مزید بارشوں کی پیش گوئی کی ہے، شہریوں کو احتیاط کی ہدایت کی گئی ہے اور انتظامیہ کو ہنگامی اقدامات کرنے کا حکم دیا گیا ہے۔ عدالت نے کیس کی سماعت کے دوران فریقین کو نوٹس جاری کرتے ہوئے جواب طلب کر لیا اور سماعت ملتوی کر دی۔ حکومت نے عوام کی سہولت کے لئے نئے منصوبوں کا اعلان کیا ہے جن پر کام جلد شروع کیا جائے گا۔ پاکستان کے مختلف شہروں میں بارشوں کا سلسلہ جاری ہے، محکمہ موسمیات نے آئندہ دنوں میں مزید بارشوں کی پیش گوئی کی ہے، شہریوں کو احتیاط کی ہدایت کی گئی ہے اور انتظامیہ کو ہنگامی اقدامات کرنے کا حکم دیا گیا ہے۔ عدالت نے کیس کی سماعت کے دوران فریقین کو نوٹس جاری کرتے ہوئے جواب طلب کر لیا اور سماعت ملتوی کر دی۔ حکومت نے عوام کی سہولت کے لئے نئے منصوبوں کا اعلان کیا ہے جن پر کام جلد شروع کیا جائے گا۔

پاکستان کے مختلف شہروں میں بارشوں کا سلسلہ جاری ہے، محکمہ موسمیات نے آئندہ دنوں میں مزید بارشوں کی پیش گوئی کی ہے، شہریوں کو احتیاط کی ہدایت کی گئی ہے اور انتظامیہ کو ہنگامی اقدامات کرنے کا حکم دیا گیا ہے۔ عدالت نے کیس کی سماعت کے دوران فریقین کو نوٹس جاری کرتے ہوئے جواب طلب کر لیا اور سماعت ملتوی کر دی۔ حکومت نے عوام کی سہولت کے لئے نئے منصوبوں کا اعلان کیا ہے جن پر کام جلد شروع کیا جائے گا۔ پاکستان کے مختلف شہروں میں بارشوں کا سلسلہ جاری ہے، محکمہ موسمیات نے آئندہ دنوں میں مزید بارشوں کی پیش گوئی کی ہے، شہریوں کو احتیاط کی ہدایت کی گئی ہے اور انتظامیہ کو ہنگامی اقدامات کرنے کا حکم دیا گیا ہے۔ عدالت نے کیس کی سماعت کے دوران فریقین کو نوٹس جاری کرتے ہوئے جواب طلب کر لیا اور سماعت ملتوی کر دی۔ حکومت نے عوام کی سہولت کے لئے نئے منصوبوں کا اعلان کیا ہے جن پر کام جلد شروع کیا جائے گا۔

25
چیف جسٹس

پاکستان کے مختلف شہروں میں بارشوں کا سلسلہ جاری ہے، محکمہ موسمیات نے آئندہ دنوں میں مزید بارشوں کی پیش گوئی کی ہے، شہریوں کو احتیاط کی ہدایت کی گئی ہے اور انتظامیہ کو ہنگامی اقدامات کرنے کا حکم دیا گیا ہے۔ عدالت نے کیس کی سماعت کے دوران فریقین کو نوٹس جاری کرتے ہوئے جواب طلب کر لیا اور سماعت ملتوی کر دی۔ حکومت نے عوام کی سہولت کے لئے نئے منصوبوں کا اعلان کیا ہے جن پر کام جلد شروع کیا جائے گا۔ پاکستان کے مختلف شہروں میں بارشوں کا سلسلہ جاری ہے، محکمہ موسمیات نے آئندہ دنوں میں مزید بارشوں کی پیش گوئی کی ہے، شہریوں کو احتیاط کی ہدایت کی گئی ہے اور انتظامیہ کو ہنگامی اقدامات کرنے کا حکم دیا گیا ہے۔ عدالت نے کیس کی سماعت کے دوران فریقین کو نوٹس جاری کرتے ہوئے جواب طلب کر لیا اور سماعت ملتوی کر دی۔ حکومت نے عوام کی سہولت کے لئے نئے منصوبوں کا اعلان کیا ہے جن پر کام جلد شروع کیا جائے گا۔ پاکستان کے مختلف شہروں میں بارشوں کا سلسلہ جاری ہے، محکمہ موسمیات نے آئندہ دنوں میں مزید بارشوں کی پیش گوئی کی ہے، شہریوں کو احتیاط کی ہدایت کی گئی ہے اور انتظامیہ کو ہنگامی اقدامات کرنے کا حکم دیا گیا ہے۔ عدالت نے کیس کی سماعت کے دوران فریقین کو نوٹس جاری کرتے ہوئے جواب طلب کر لیا اور سماعت ملتوی کر دی۔ حکومت نے عوام کی سہولت کے لئے نئے منصوبوں کا اعلان کیا ہے جن پر کام جلد شروع کیا جائے گا۔

26
صدر

پاکستان کے مختلف شہروں میں بارشوں کا سلسلہ جاری ہے، محکمہ موسمیات نے آئندہ دنوں میں مزید بارشوں کی پیش گوئی کی ہے، شہریوں کو احتیاط کی ہدایت کی گئی ہے اور انتظامیہ کو ہنگامی اقدامات کرنے کا حکم دیا گیا ہے۔ عدالت نے کیس کی سماعت کے دوران فریقین کو نوٹس جاری کرتے ہوئے جواب طلب کر لیا اور سماعت ملتوی کر دی۔ حکومت نے عوام کی سہولت کے لئے نئے منصوبوں کا اعلان کیا ہے جن پر کام جلد شروع کیا جائے گا۔ پاکستان کے مختلف شہروں میں بارشوں کا سلسلہ جاری ہے، محکمہ موسمیات نے آئندہ دنوں میں مزید بارشوں کی پیش گوئی کی ہے، شہریوں کو احتیاط کی ہدایت کی گئی ہے اور انتظامیہ کو ہنگامی اقدامات کرنے کا حکم دیا گیا ہے۔ عدالت نے کیس کی سماعت کے دوران فریقین کو نوٹس جاری کرتے ہوئے جواب طلب کر لیا اور سماعت ملتوی کر دی۔ حکومت نے عوام کی سہولت کے لئے نئے منصوبوں کا اعلان کیا ہے جن پر کام جلد شروع کیا جائے گا۔ پاکستان کے مختلف شہروں میں بارشوں کا سلسلہ جاری ہے، محکمہ موسمیات نے آئندہ دنوں میں مزید بارشوں کی پیش گوئی کی ہے، شہریوں کو احتیاط کی ہدایت کی گئی ہے اور انتظامیہ کو ہنگامی اقدامات کرنے کا حکم دیا گیا ہے۔ عدالت نے کیس کی سماعت کے دوران فریقین کو نوٹس جاری کرتے ہوئے جواب طلب کر لیا اور سماعت ملتوی کر دی۔ حکومت نے عوام کی سہولت کے لئے نئے منصوبوں کا اعلان کیا ہے جن پر کام جلد شروع کیا جائے گا۔ پاکستان کے مختلف شہروں میں بارشوں کا سلسلہ جاری ہے، محکمہ موسمیات نے آئندہ دنوں میں مزید بارشوں کی پیش گوئی کی ہے، شہریوں کو احتیاط کی ہدایت کی گئی ہے اور انتظامیہ کو ہنگامی اقدامات کرنے کا حکم دیا گیا ہے۔ عدالت نے کیس کی سماعت کے دوران فریقین کو نوٹس جاری کرتے ہوئے جواب طلب کر لیا اور سماعت ملتوی کر دی۔ حکومت نے عوام کی سہولت کے لئے نئے منصوبوں کا اعلان کیا ہے جن پر کام جلد شروع کیا جائے گا۔ پاکستان کے مختلف شہروں میں بارشوں کا سلسلہ جاری ہے، محکمہ موسمیات نے آئندہ دنوں میں مزید بارشوں کی پیش گوئی کی ہے، شہریوں کو احتیاط کی ہدایت کی گئی ہے اور انتظامیہ کو ہنگامی اقدامات کرنے کا حکم دیا گیا ہے۔ عدالت نے کیس کی سماعت کے دوران فریقین کو نوٹس جاری کرتے ہوئے جواب طلب کر لیا اور سماعت ملتوی کر دی۔ حکومت نے عوام کی سہولت کے لئے نئے منصوبوں کا اعلان کیا ہے جن پر کام جلد شروع کیا جائے گا۔

27
تعلیم

پاکستان کے مختلف شہروں میں بارشوں کا سلسلہ جاری ہے، محکمہ موسمیات نے آئندہ دنوں میں مزید بارشوں کی پیش گوئی کی ہے، شہریوں کو احتیاط کی ہدایت کی گئی ہے اور انتظامیہ کو ہنگامی اقدامات کرنے کا حکم دیا گیا ہے۔ عدالت نے کیس کی سماعت کے دوران فریقین کو نوٹس جاری کرتے ہوئے جواب طلب کر لیا اور سماعت ملتوی کر دی۔ حکومت نے عوام کی سہولت کے لئے نئے منصوبوں کا اعلان کیا ہے جن پر کام جلد شروع کیا جائے گا۔ پاکستان کے مختلف شہروں میں بارشوں کا سلسلہ جاری ہے، محکمہ موسمیات نے آئندہ دنوں میں مزید بارشوں کی پیش گوئی کی ہے، شہریوں کو احتیاط کی ہدایت کی گئی ہے اور انتظامیہ کو ہنگامی اقدامات کرنے کا حکم دیا گیا ہے۔ عدالت نے کیس کی سماعت کے دوران فریقین کو نوٹس جاری کرتے ہوئے جواب طلب کر لیا اور سماعت ملتوی کر دی۔ حکومت نے عوام کی سہولت کے لئے نئے منصوبوں کا اعلان کیا ہے جن پر کام جلد شروع کیا جائے گا۔ پاکستان کے مختلف شہروں میں بارشوں کا سلسلہ جاری ہے، محکمہ موسمیات نے آئندہ دنوں میں مزید بارشوں کی پیش گوئی کی ہے، شہریوں کو احتیاط کی ہدایت کی گئی ہے اور انتظامیہ کو ہنگامی اقدامات کرنے کا حکم دیا گیا ہے۔ عدالت نے کیس کی سماعت کے دوران فریقین کو نوٹس جاری کرتے ہوئے جواب طلب کر لیا اور سماعت ملتوی کر دی۔ حکومت نے عوام کی سہولت کے لئے نئے منصوبوں کا اعلان کیا ہے جن پر کام جلد شروع کیا جائے گا۔ پاکستان کے مختلف شہروں میں بارشوں کا سلسلہ جاری ہے، محکمہ موسمیات نے آئندہ دنوں میں مزید بارشوں کی پیش گوئی کی ہے، شہریوں کو احتیاط کی ہدایت کی گئی ہے اور انتظامیہ کو ہنگامی اقدامات کرنے کا حکم دیا گیا ہے۔ عدالت نے کیس کی سماعت کے دوران فریقین کو نوٹس جاری کرتے ہوئے جواب طلب کر لیا اور سماعت ملتوی کر دی۔ حکومت نے عوام کی سہولت کے لئے نئے منصوبوں کا اعلان کیا ہے جن پر کام جلد شروع کیا جائے گا۔ پاکستان کے مختلف شہروں میں بارشوں کا سلسلہ جاری ہے، محکمہ موسمیات نے آئندہ دنوں میں مزید بارشوں کی پیش گوئی کی ہے، شہریوں کو احتیاط کی ہدایت کی گئی ہے اور انتظامیہ کو ہنگامی اقدامات کرنے کا حکم دیا گیا ہے۔ عدالت نے کیس کی سماعت کے دوران فریقین کو نوٹس جاری کرتے ہوئے جواب طلب کر لیا اور سماعت ملتوی کر دی۔ حکومت نے عوام کی سہولت کے لئے نئے منصوبوں کا اعلان کیا ہے جن پر کام جلد شروع کیا جائے گا۔ پاکستان کے مختلف شہروں میں بارشوں کا سلسلہ جاری ہے، محکمہ موسمیات نے آئندہ دنوں میں مزید بارشوں کی پیش گوئی کی ہے، شہریوں کو احتیاط کی ہدایت کی گئی ہے اور انتظامیہ کو ہنگامی اقدامات کرنے کا حکم دیا گیا ہے۔ عدالت نے کیس کی سماعت کے دوران فریقین کو نوٹس جاری کرتے ہوئے جواب طلب کر لیا اور سماعت ملتوی کر دی۔ حکومت نے عوام کی سہولت کے لئے نئے منصوبوں کا اعلان کیا ہے جن پر کام جلد شروع کیا جائے گا۔

28
کراچی

پاکستان کے مختلف شہروں میں بارشوں کا سلسلہ جاری ہے، محکمہ موسمیات نے آئندہ دنوں میں مزید بارشوں کی پیش گوئی کی ہے، شہریوں کو احتیاط کی ہدایت کی گئی ہے اور انتظامیہ کو ہنگامی اقدامات کرنے کا حکم دیا گیا ہے۔ عدالت نے کیس کی سماعت کے دوران فریقین کو نوٹس جاری کرتے ہوئے جواب طلب کر لیا اور سماعت ملتوی کر دی۔ حکومت نے عوام کی سہولت کے لئے نئے منصوبوں کا اعلان کیا ہے جن پر کام جلد شروع کیا جائے گا۔ پاکستان کے مختلف شہروں میں بارشوں کا سلسلہ جاری ہے، محکمہ موسمیات نے آئندہ دنوں میں مزید بارشوں کی پیش گوئی کی ہے، شہریوں کو احتیاط کی ہدایت کی گئی ہے اور انتظامیہ کو ہنگامی اقدامات کرنے کا حکم دیا گیا ہے۔ عدالت نے کیس کی سماعت کے دوران فریقین کو نوٹس جاری کرتے ہوئے جواب طلب کر لیا اور سماعت ملتوی کر دی۔ حکومت نے عوام کی سہولت کے لئے نئے منصوبوں کا اعلان کیا ہے جن پر کام جلد شروع کیا جائے گا۔ پاکستان کے مختلف شہروں میں بارشوں کا سلسلہ جاری ہے، محکمہ موسمیات نے آئندہ دنوں میں مزید بارشوں کی پیش گوئی کی ہے، شہریوں کو احتیاط کی ہدایت کی گئی ہے اور انتظامیہ کو ہنگامی اقدامات کرنے کا حکم دیا گیا ہے۔ عدالت نے کیس کی سماعت کے دوران فریقین کو نوٹس جاری کرتے ہوئے جواب طلب کر لیا اور سماعت ملتوی کر دی۔ حکومت نے عوام کی سہولت کے لئے نئے منصوبوں کا اعلان کیا ہے جن پر کام جلد شروع کیا جائے گا۔ پاکستان کے مختلف شہروں میں بارشوں کا سلسلہ جاری ہے، محکمہ موسمیات نے آئندہ شہریوں کو احتیاط کی ہدایت کی گئی ہے اور انتظامیہ کو ہنگامی اقدامات کرنے کا حکم دیا گیا ہے۔ عدالت نے کیس کی سماعت کے دوران فریقین کو نوٹس جاری کرتے ہوئے جواب طلب کر لیا اور سماعت ملتوی کر دی۔ حکومت نے عوام کی سہولت کے لئے نئے منصوبوں کا اعلان کیا ہے جن پر کام جلد شروع کیا جائے گا۔ پاکستان کے مختلف شہروں میں بارشوں کا سلسلہ جاری ہے، محکمہ موسمیات نے آئندہ دنوں میں مزید بارشوں کی پیش گوئی کی ہے، شہریوں کو احتیاط کی ہدایت کی گئی ہے اور انتظامیہ کو ہنگامی اقدامات کرنے کا حکم دیا گیا ہے۔ عدالت نے کیس کی سماعت کے دوران فریقین کو نوٹس جاری کرتے ہوئے جواب طلب کر لیا اور سماعت ملتوی کر دی۔ حکومت نے عوام کی سہولت کے لئے نئے منصوبوں کا اعلان کیا ہے جن پر کام جلد شروع کیا جائے گا۔ پاکستان کے مختلف شہروں میں بارشوں کا سلسلہ جاری ہے، محکمہ موسمیات نے آئندہ دنوں میں مزید بارشوں کی پیش گوئی کی ہے، شہریوں کو احتیاط کی ہدایت کی گئی ہے اور انتظامیہ کو ہنگامی اقدامات کرنے کا حکم دیا گیا ہے۔ عدالت نے کیس کی سماعت کے دوران فریقین کو نوٹس جاری کرتے ہوئے جواب طلب کر لیا اور سماعت ملتوی کر دی۔ حکومت نے عوام کی سہولت کے لئے نئے منصوبوں کا اعلان کیا ہے جن پر کام جلد شروع کیا جائے گا۔

29
پاکستان

پاکستان کے مختلف شہروں میں بارشوں کا سلسلہ جاری ہے، محکمہ موسمیات نے آئندہ دنوں میں مزید بارشوں کی پیش گوئی کی ہے، شہریوں کو احتیاط کی ہدایت کی گئی ہے اور انتظامیہ کو ہنگامی اقدامات کرنے کا حکم دیا گیا ہے۔ عدالت نے کیس کی سماعت کے دوران فریقین کو نوٹس جاری کرتے ہوئے جواب طلب کر لیا اور سماعت ملتوی کر دی۔ حکومت نے عوام کی سہولت کے لئے نئے منصوبوں کا اعلان کیا ہے جن پر کام جلد شروع کیا جائے گا۔ پاکستان کے مختلف شہروں میں بارشوں کا سلسلہ جاری ہے، محکمہ موسمیات نے آئندہ دنوں میں مزید بارشوں کی پیش گوئی کی ہے، شہریوں کو احتیاط کی ہدایت کی گئی ہے اور انتظامیہ کو ہنگامی اقدامات کرنے کا حکم دیا گیا ہے۔ عدالت نے کیس کی سماعت کے دوران فریقین کو نوٹس جاری کرتے ہوئے جواب طلب کر لیا اور سماعت ملتوی کر دی۔ حکومت نے عوام کی سہولت کے لئے نئے منصوبوں کا اعلان کیا ہے جن پر کام جلد شروع کیا جائے گا۔ پاکستان کے مختلف شہروں میں بارشوں کا سلسلہ جاری ہے، محکمہ موسمیات نے آئندہ دنوں میں مزید بارشوں کی پیش گوئی کی ہے، شہریوں کو احتیاط کی ہدایت کی گئی ہے اور انتظامیہ کو ہنگامی اقدامات کرنے کا حکم دیا گیا ہے۔ عدالت نے کیس کی سماعت کے دوران فریقین کو نوٹس جاری کرتے ہوئے جواب طلب کر لیا اور سماعت ملتوی کر دی۔ حکومت نے عوام کی سہولت کے لئے نئے منصوبوں کا اعلان کیا ہے جن پر کام جلد شروع کیا جائے گا۔

پاکستان کے مختلف شہروں میں بارشوں کا سلسلہ جاری ہے، محکمہ موسمیات نے آئندہ دنوں میں مزید بارشوں کی پیش گوئی کی ہے، شہریوں کو احتیاط کی ہدایت کی گئی ہے اور انتظامیہ کو ہنگامی اقدامات کرنے کا حکم دیا گیا ہے۔ عدالت نے کیس کی سماعت کے دوران فریقین کو نوٹس جاری کرتے ہوئے جواب طلب کر لیا اور سماعت ملتوی کر دی۔ حکومت نے عوام کی سہولت کے لئے نئے منصوبوں کا اعلان کیا ہے جن پر کام جلد شروع کیا جائے گا۔ پاکستان کے مختلف شہروں میں بارشوں کا سلسلہ جاری ہے، محکمہ موسمیات نے آئندہ دنوں میں مزید بارشوں کی پیش گوئی کی ہے، شہریوں کو احتیاط کی ہدایت کی گئی ہے اور انتظامیہ کو ہنگامی اقدامات کرنے کا حکم دیا گیا ہے۔ عدالت نے کیس کی سماعت کے دوران فریقین کو نوٹس جاری کرتے ہوئے جواب طلب کر لیا اور سماعت ملتوی کر دی۔ حکومت نے عوام کی سہولت کے لئے نئے منصوبوں کا اعلان کیا ہے جن پر کام جلد شروع کیا جائے گا۔ پاکستان کے مختلف شہروں میں بارشوں کا سلسلہ جاری ہے، محکمہ موسمیات نے آئندہ دنوں میں مزید بارشوں کی پیش گوئی کی ہے، شہریوں کو احتیاط کی ہدایت کی گئی ہے اور انتظامیہ کو ہنگامی اقدامات کرنے کا حکم دیا گیا ہے۔ عدالت نے کیس کی سماعت کے دوران فریقین کو نوٹس جاری کرتے ہوئے جواب طلب کر لیا اور سماعت ملتوی کر دی۔ حکومت نے عوام کی سہولت کے لئے نئے منصوبوں کا اعلان کیا ہے جن پر کام جلد شروع کیا جائے گا۔

17
عدالت

پاکستان کے مختلف شہروں میں بارشوں کا سلسلہ جاری ہے، محکمہ موسمیات نے آئندہ دنوں میں مزید بارشوں کی پیش گوئی کی ہے، شہریوں کو احتیاط کی ہدایت کی گئی ہے اور انتظامیہ کو ہنگامی اقدامات کرنے کا حکم دیا گیا ہے۔ عدالت نے کیس کی سماعت کے دوران فریقین کو نوٹس جاری کرتے ہوئے جواب طلب کر لیا اور سماعت ملتوی کر دی۔ حکومت نے عوام کی سہولت کے لئے نئے منصوبوں کا اعلان کیا ہے جن پر کام جلد شروع کیا جائے گا۔

18
دبئی

پاکستان کے مختلف شہروں میں بارشوں کا سلسلہ جاری ہے، محکمہ موسمیات نے آئندہ دنوں میں مزید بارشوں کی پیش گوئی کی ہے، شہریوں کو احتیاط کی ہدایت کی گئی ہے اور انتظامیہ کو ہنگامی اقدامات کرنے کا حکم دیا گیا ہے۔ عدالت نے کیس کی سماعت کے دوران فریقین کو نوٹس جاری کرتے ہوئے جواب طلب کر لیا اور سماعت ملتوی کر دی۔ حکومت نے عوام کی سہولت کے لئے نئے منصوبوں کا اعلان کیا ہے جن پر کام جلد شروع کیا جائے گا۔

19
آباد

پاکستان کے مختلف شہروں میں بارشوں کا سلسلہ جاری ہے، محکمہ موسمیات نے آئندہ دنوں میں مزید بارشوں کی پیش گوئی کی ہے، شہریوں کو احتیاط کی ہدایت کی گئی ہے اور انتظامیہ کو ہنگامی اقدامات کرنے کا حکم دیا گیا ہے۔ عدالت نے کیس کی سماعت کے دوران فریقین کو نوٹس جاری کرتے ہوئے جواب طلب کر لیا اور سماعت ملتوی کر دی۔ حکومت نے عوام کی سہولت کے لئے نئے منصوبوں کا اعلان کیا ہے جن پر کام جلد شروع کیا جائے گا۔ پاکستان کے مختلف شہروں میں بارشوں کا سلسلہ جاری ہے، محکمہ موسمیات نے آئندہ دنوں میں مزید بارشوں کی پیش گوئی کی ہے، شہریوں کو احتیاط کی ہدایت کی گئی ہے اور انتظامیہ کو ہنگامی اقدامات کرنے کا حکم دیا گیا ہے۔ عدالت نے کیس کی سماعت کے دوران فریقین کو نوٹس جاری کرتے ہوئے جواب طلب کر لیا اور سماعت ملتوی کر دی۔ حکومت نے عوام کی سہولت کے لئے نئے منصوبوں کا اعلان کیا ہے جن پر کام جلد شروع کیا جائے گا۔ پاکستان کے مختلف شہروں میں بارشوں کا سلسلہ جاری ہے، محکمہ موسمیات نے آئندہ دنوں میں مزید بارشوں کی پیش گوئی کی ہے، شہریوں کو احتیاط کی ہدایت کی گئی ہے اور انتظامیہ کو ہنگامی اقدامات کرنے کا حکم دیا گیا ہے۔ عدالت نے کیس کی سماعت کے دوران فریقین کو نوٹس جاری کرتے ہوئے جواب طلب کر لیا اور سماعت ملتوی کر دی۔ حکومت نے عوام کی سہولت کے لئے نئے منصوبوں کا اعلان کیا ہے جن پر کام جلد شروع کیا جائے گا۔ پاکستان کے مختلف شہروں میں بارشوں کا سلسلہ جاری ہے، محکمہ موسمیات نے آئندہ دنوں میں مزید بارشوں کی پیش گوئی کی ہے، شہریوں کو احتیاط کی ہدایت کی گئی ہے اور انتظامیہ کو ہنگامی اقدامات کرنے کا حکم دیا گیا ہے۔ عدالت نے کیس کی سماعت کے دوران فریقین کو نوٹس جاری کرتے ہوئے جواب طلب کر لیا اور سماعت ملتوی کر دی۔ حکومت نے عوام کی سہولت کے لئے نئے منصوبوں کا اعلان کیا ہے جن پر کام جلد شروع کیا جائے گا۔

20
شہر

پاکستان کے مختلف شہروں میں بارشوں کا سلسلہ جاری ہے، محکمہ موسمیات نے آئندہ دنوں میں مزید بارشوں کی پیش گوئی کی ہے، شہریوں کو احتیاط کی ہدایت کی گئی ہے اور انتظامیہ کو ہنگامی اقدامات کرنے کا حکم دیا گیا ہے۔ عدالت نے کیس کی سماعت کے دوران فریقین کو نوٹس جاری کرتے ہوئے جواب طلب کر لیا اور سماعت ملتوی کر دی۔ حکومت نے عوام کی سہولت کے لئے نئے منصوبوں کا اعلان کیا ہے جن پر کام جلد شروع کیا جائے گا۔ پاکستان کے مختلف شہروں میں بارشوں کا سلسلہ جاری ہے، محکمہ موسمیات نے آئندہ دنوں میں مزید بارشوں کی پیش گوئی کی ہے، شہریوں کو احتیاط کی ہدایت کی گئی ہے اور انتظامیہ کو ہنگامی اقدامات کرنے کا حکم دیا گیا ہے۔ عدالت نے کیس کی سماعت کے دوران فریقین کو نوٹس جاری کرتے ہوئے جواب طلب کر لیا اور سماعت ملتوی کر دی۔ حکومت نے عوام کی سہولت کے لئے نئے منصوبوں کا اعلان کیا ہے جن پر کام جلد شروع کیا جائے گا۔

21
کراچی

پاکستان کے مختلف شہروں میں بارشوں کا سلسلہ جاری ہے، محکمہ موسمیات نے آئندہ دنوں میں مزید بارشوں کی پیش گوئی کی ہے، شہریوں کو احتیاط کی ہدایت کی گئی ہے اور انتظامیہ کو ہنگامی اقدامات کرنے کا حکم دیا گیا ہے۔ عدالت نے کیس کی سماعت کے دوران فریقین کو نوٹس جاری کرتے ہوئے جواب طلب کر لیا اور سماعت ملتوی کر دی۔ حکومت نے عوام کی سہولت کے لئے نئے منصوبوں کا اعلان کیا ہے جن پر کام جلد شروع کیا جائے گا۔ پاکستان کے مختلف شہروں میں بارشوں کا سلسلہ جاری ہے، محکمہ موسمیات نے آئندہ دنوں میں مزید بارشوں کی پیش گوئی کی ہے، شہریوں کو احتیاط کی ہدایت کی گئی ہے اور انتظامیہ کو ہنگامی اقدامات کرنے کا حکم دیا گیا ہے۔ عدالت نے کیس کی سماعت کے دوران فریقین کو نوٹس جاری کرتے ہوئے جواب طلب کر لیا اور سماعت ملتوی کر دی۔ حکومت نے عوام کی سہولت کے لئے نئے منصوبوں کا اعلان کیا ہے جن پر کام جلد شروع کیا جائے گا۔

22
اسٹیٹ بینک

پاکستان کے مختلف شہروں میں بارشوں کا سلسلہ جاری ہے، محکمہ موسمیات نے آئندہ دنوں میں مزید بارشوں کی پیش گوئی کی ہے، شہریوں کو احتیاط کی ہدایت کی گئی ہے اور انتظامیہ کو ہنگامی اقدامات کرنے کا حکم دیا گیا ہے۔ عدالت نے کیس کی سماعت کے دوران فریقین کو نوٹس جاری کرتے ہوئے جواب طلب کر لیا اور سماعت ملتوی کر دی۔ حکومت نے عوام کی سہولت کے لئے نئے منصوبوں کا اعلان کیا ہے جن پر کام جلد شروع کیا جائے گا۔

23
پاکستان

پاکستان کے مختلف شہروں میں بارشوں کا سلسلہ جاری ہے، محکمہ موسمیات نے آئندہ دنوں میں مزید بارشوں کی پیش گوئی کی ہے، شہریوں کو احتیاط کی ہدایت کی گئی ہے اور انتظامیہ کو ہنگامی اقدامات کرنے کا حکم دیا گیا ہے۔ عدالت نے کیس کی سماعت کے دوران فریقین کو نوٹس جاری کرتے ہوئے جواب طلب کر لیا اور سماعت ملتوی کر دی۔ حکومت نے عوام کی سہولت کے لئے نئے منصوبوں کا اعلان کیا ہے جن پر کام جلد شروع کیا جائے گا۔ پاکستان کے مختلف شہروں میں بارشوں کا سلسلہ جاری ہے، محکمہ موسمیات نے آئندہ دنوں میں مزید بارشوں کی پیش گوئی کی ہے، شہریوں کو احتیاط کی ہدایت کی گئی ہے اور انتظامیہ کو ہنگامی اقدامات کرنے کا حکم دیا گیا ہے۔ عدالت نے کیس کی سماعت کے دوران فریقین کو نوٹس جاری کرتے ہوئے جواب طلب کر لیا اور سماعت ملتوی کر دی۔ حکومت نے عوام کی سہولت کے لئے نئے منصوبوں کا اعلان کیا ہے جن پر کام جلد شروع کیا جائے گا۔

24
ایران

پاکستان کے مختلف شہروں میں بارشوں کا سلسلہ جاری ہے، محکمہ موسمیات نے آئندہ دنوں میں مزید بارشوں کی پیش گوئی کی ہے، شہریوں کو احتیاط کی ہدایت کی گئی ہے اور انتظامیہ کو ہنگامی اقدامات کرنے کا حکم دیا گیا ہے۔ عدالت نے کیس کی سماعت کے دوران فریقین کو نوٹس جاری کرتے ہوئے جواب طلب کر لیا اور سماعت ملتوی کر دی۔ حکومت نے عوام کی سہولت کے لئے نئے منصوبوں کا اعلان کیا ہے جن پر کام جلد شروع کیا جائے گا۔ پاکستان کے مختلف شہروں میں بارشوں کا سلسلہ جاری ہے، محکمہ موسمیات نے آئندہ دنوں میں مزید بارشوں کی پیش گوئی کی ہے، شہریوں کو احتیاط کی ہدایت کی گئی ہے اور انتظامیہ کو ہنگامی اقدامات کرنے کا حکم دیا گیا ہے۔ عدالت نے کیس کی سماعت کے دوران فریقین کو نوٹس جاری کرتے ہوئے جواب طلب کر لیا اور سماعت ملتوی کر دی۔ حکومت نے عوام کی سہولت کے لئے نئے منصوبوں کا اعلان کیا ہے جن پر کام جلد شروع کیا جائے گا۔

پاکستان کے مختلف شہروں میں بارشوں کا سلسلہ جاری ہے، محکمہ موسمیات نے آئندہ دنوں میں مزید بارشوں کی پیش گوئی کی ہے، شہریوں کو احتیاط کی ہدایت کی گئی ہے اور انتظامیہ کو ہنگامی اقدامات کرنے کا حکم دیا گیا ہے۔ عدالت نے کیس کی سماعت کے دوران فریقین کو نوٹس جاری کرتے ہوئے جواب طلب کر لیا اور سماعت ملتوی کر دی۔ حکومت نے عوام کی سہولت کے لئے نئے منصوبوں کا اعلان کیا ہے جن پر کام جلد شروع کیا جائے گا۔ پاکستان کے مختلف شہروں میں بارشوں کا سلسلہ جاری ہے، محکمہ موسمیات نے آئندہ دنوں میں مزید بارشوں کی پیش گوئی کی ہے، شہریوں کو احتیاط کی ہدایت کی گئی ہے اور انتظامیہ کو ہنگامی اقدامات کرنے کا حکم دیا گیا ہے۔ عدالت نے کیس کی سماعت کے دوران فریقین کو نوٹس جاری کرتے ہوئے جواب طلب کر لیا اور سماعت ملتوی کر دی۔ حکومت نے عوام کی سہولت کے لئے نئے منصوبوں کا اعلان کیا ہے جن پر کام جلد شروع کیا جائے گا۔ پاکستان کے مختلف شہروں میں بارشوں کا سلسلہ جاری ہے، محکمہ موسمیات نے آئندہ دنوں میں مزید بارشوں کی پیش گوئی کی ہے، شہریوں کو احتیاط کی ہدایت کی گئی ہے اور انتظامیہ کو ہنگامی اقدامات کرنے کا حکم دیا گیا ہے۔ عدالت نے کیس کی سماعت کے دوران فریقین کو نوٹس جاری کرتے ہوئے جواب طلب کر لیا اور سماعت ملتوی کر دی۔ حکومت نے عوام کی سہولت کے لئے نئے منصوبوں کا اعلان کیا ہے جن پر کام جلد شروع کیا جائے گا۔

12
حکومت

پاکستان کے مختلف شہروں میں بارشوں کا سلسلہ جاری ہے، محکمہ موسمیات نے آئندہ دنوں میں مزید بارشوں کی پیش گوئی کی ہے، شہریوں کو احتیاط کی ہدایت کی گئی ہے اور انتظامیہ کو ہنگامی اقدامات کرنے کا حکم دیا گیا ہے۔ عدالت نے کیس کی سماعت کے دوران فریقین کو نوٹس جاری کرتے ہوئے جواب طلب کر لیا اور سماعت ملتوی کر دی۔ حکومت نے عوام کی سہولت کے لئے نئے منصوبوں کا اعلان کیا ہے جن پر کام جلد شروع کیا جائے گا۔ پاکستان کے مختلف شہروں میں بارشوں کا سلسلہ جاری ہے، محکمہ موسمیات نے آئندہ دنوں میں مزید بارشوں کی پیش گوئی کی ہے، شہریوں کو احتیاط کی ہدایت کی گئی ہے اور انتظامیہ کو ہنگامی اقدامات کرنے کا حکم دیا گیا ہے۔ عدالت نے کیس کی سماعت کے دوران فریقین کو نوٹس جاری کرتے ہوئے جواب طلب کر لیا اور سماعت ملتوی کر دی۔ حکومت نے عوام کی سہولت کے لئے نئے منصوبوں کا اعلان کیا ہے جن پر کام جلد شروع کیا جائے گا۔

13
سندھ

پاکستان کے مختلف شہروں میں بارشوں کا سلسلہ جاری ہے، محکمہ موسمیات نے آئندہ دنوں میں مزید بارشوں کی پیش گوئی کی ہے، شہریوں کو احتیاط کی ہدایت کی گئی ہے اور انتظامیہ کو ہنگامی اقدامات کرنے کا حکم دیا گیا ہے۔ عدالت نے کیس کی سماعت کے دوران فریقین کو نوٹس جاری کرتے ہوئے جواب طلب کر لیا اور سماعت ملتوی کر دی۔ حکومت نے عوام کی سہولت کے لئے نئے منصوبوں کا اعلان کیا ہے جن پر کام جلد شروع کیا جائے گا۔ پاکستان کے مختلف شہروں میں بارشوں کا سلسلہ جاری ہے، محکمہ موسمیات نے آئندہ دنوں میں مزید بارشوں کی پیش گوئی کی ہے، شہریوں کو احتیاط کی ہدایت کی گئی ہے اور انتظامیہ کو ہنگامی اقدامات کرنے کا حکم دیا گیا ہے۔ عدالت نے کیس کی سماعت کے دوران فریقین کو نوٹس جاری کرتے ہوئے جواب طلب کر لیا اور سماعت ملتوی کر دی۔ حکومت نے عوام کی سہولت کے لئے نئے منصوبوں کا اعلان کیا ہے جن پر کام جلد شروع کیا جائے گا۔ پاکستان کے مختلف شہروں میں بارشوں کا سلسلہ جاری ہے، محکمہ موسمیات نے آئندہ دنوں میں مزید بارشوں کی پیش گوئی کی ہے، شہریوں کو احتیاط کی ہدایت کی گئی ہے اور انتظامیہ کو ہنگامی اقدامات کرنے کا حکم دیا گیا ہے۔ عدالت نے کیس کی سماعت کے دوران فریقین کو نوٹس جاری کرتے ہوئے جواب طلب کر لیا اور سماعت ملتوی کر دی۔ حکومت نے عوام کی سہولت کے لئے نئے منصوبوں کا اعلان کیا ہے جن پر کام جلد شروع کیا جائے گا۔

14
کراچی

پاکستان کے مختلف شہروں میں بارشوں کا سلسلہ جاری ہے، محکمہ موسمیات نے آئندہ دنوں میں مزید بارشوں کی پیش گوئی کی ہے، شہریوں کو احتیاط کی ہدایت کی گئی ہے اور انتظامیہ کو ہنگامی اقدامات کرنے کا حکم دیا گیا ہے۔ عدالت نے کیس کی سماعت کے دوران فریقین کو نوٹس جاری کرتے ہوئے جواب طلب کر لیا اور سماعت ملتوی کر دی۔ حکومت نے عوام کی سہولت کے لئے نئے منصوبوں کا اعلان کیا ہے جن پر کام جلد شروع کیا جائے گا۔ پاکستان کے مختلف شہروں میں بارشوں کا سلسلہ جاری ہے، محکمہ موسمیات نے آئندہ دنوں میں مزید بارشوں کی پیش گوئی کی ہے، شہریوں کو احتیاط کی ہدایت کی گئی ہے اور انتظامیہ کو ہنگامی اقدامات کرنے کا حکم دیا گیا ہے۔ عدالت نے کیس کی سماعت کے دوران فریقین کو نوٹس جاری کرتے ہوئے جواب طلب کر لیا اور سماعت ملتوی کر دی۔ حکومت نے عوام کی سہولت کے لئے نئے منصوبوں کا اعلان کیا ہے جن پر کام جلد شروع کیا جائے گا۔ پاکستان کے مختلف شہروں میں بارشوں کا سلسلہ جاری ہے، محکمہ موسمیات نے آئندہ دنوں میں مزید بارشوں کی پیش گوئی کی ہے، شہریوں کو احتیاط کی ہدایت کی گئی ہے اور انتظامیہ کو ہنگامی اقدامات کرنے کا حکم دیا گیا ہے۔ عدالت نے کیس کی سماعت کے دوران فریقین کو نوٹس جاری کرتے ہوئے جواب طلب کر لیا اور سماعت ملتوی کر دی۔ حکومت نے عوام کی سہولت کے لئے نئے منصوبوں کا اعلان کیا ہے جن پر کام جلد شروع کیا جائے گا۔ پاکستان کے مختلف شہروں میں بارشوں کا سلسلہ جاری ہے، محکمہ موسمیات نے آئندہ دنوں میں مزید بارشوں کی پیش گوئی کی ہے، شہریوں کو احتیاط کی ہدایت کی گئی ہے اور انتظامیہ کو ہنگامی اقدامات کرنے کا حکم دیا گیا ہے۔ عدالت نے کیس کی سماعت کے دوران فریقین کو نوٹس جاری کرتے ہوئے جواب طلب کر لیا اور سماعت ملتوی کر دی۔ حکومت نے عوام کی سہولت کے لئے نئے منصوبوں کا اعلان کیا ہے جن پر کام جلد شروع کیا جائے گا۔ پاکستان کے مختلف شہروں میں بارشوں کا سلسلہ جاری ہے، محکمہ موسمیات نے آئندہ دنوں میں مزید بارشوں کی پیش گوئی کی ہے، شہریوں کو احتیاط کی ہدایت کی گئی ہے اور انتظامیہ کو ہنگامی اقدامات کرنے کا حکم دیا گیا ہے۔ عدالت نے کیس کی سماعت کے دوران فریقین کو نوٹس جاری کرتے ہوئے جواب طلب کر لیا اور سماعت ملتوی کر دی۔ حکومت نے عوام کی سہولت کے لئے نئے منصوبوں کا اعلان کیا ہے جن پر کام جلد شروع کیا جائے گا۔ پاکستان کے مختلف شہروں میں بارشوں کا سلسلہ جاری ہے، محکمہ موسمیات نے آئندہ دنوں میں مزید بارشوں کی پیش گوئی کی ہے، شہریوں کو احتیاط کی ہدایت کی گئی ہے اور انتظامیہ کو ہنگامی اقدامات کرنے کا حکم دیا گیا ہے۔ عدالت نے کیس کی سماعت کے دوران فریقین کو نوٹس جاری کرتے ہوئے جواب طلب کر لیا اور سماعت ملتوی کر دی۔ حکومت نے عوام کی سہولت کے لئے نئے منصوبوں کا اعلان کیا ہے جن پر کام جلد شروع کیا جائے گا۔

15
پولیس

پاکستان کے مختلف شہروں میں بارشوں کا سلسلہ جاری ہے، محکمہ موسمیات نے آئندہ دنوں میں مزید بارشوں کی پیش گوئی کی ہے، شہریوں کو احتیاط کی ہدایت کی گئی ہے اور انتظامیہ کو ہنگامی اقدامات کرنے کا حکم دیا گیا ہے۔ عدالت نے کیس کی سماعت کے دوران فریقین کو نوٹس جاری کرتے ہوئے جواب طلب کر لیا اور سماعت ملتوی کر دی۔ حکومت نے عوام کی سہولت کے لئے نئے منصوبوں کا اعلان کیا ہے جن پر کام جلد شروع کیا جائے گا۔

16
حیدرآباد

پاکستان کے مختلف شہروں میں بارشوں کا سلسلہ جاری ہے، محکمہ موسمیات نے آئندہ دنوں میں مزید بارشوں کی پیش گوئی کی ہے، شہریوں کو احتیاط کی ہدایت کی گئی ہے اور انتظامیہ کو ہنگامی اقدامات کرنے کا حکم دیا گیا ہے۔ عدالت نے کیس کی سماعت کے دوران فریقین کو نوٹس جاری کرتے ہوئے جواب طلب کر لیا اور سماعت ملتوی کر دی۔ حکومت نے عوام کی سہولت کے لئے نئے منصوبوں کا اعلان کیا ہے جن پر کام جلد شروع کیا جائے گا۔

پاکستان کے مختلف شہروں میں بارشوں کا سلسلہ جاری ہے، محکمہ موسمیات نے آئندہ دنوں میں مزید بارشوں کی پیش گوئی کی ہے، شہریوں کو احتیاط کی ہدایت کی گئی ہے اور انتظامیہ کو ہنگامی اقدامات کرنے کا حکم دیا گیا ہے۔ عدالت نے کیس کی سماعت کے دوران فریقین کو نوٹس جاری کرتے ہوئے جواب طلب کر لیا اور سماعت ملتوی کر دی۔ حکومت نے عوام کی سہولت کے لئے نئے منصوبوں کا اعلان کیا ہے جن پر کام جلد شروع کیا جائے گا۔ پاکستان کے مختلف شہروں میں بارشوں کا سلسلہ جاری ہے، محکمہ موسمیات نے آئندہ دنوں میں مزید بارشوں کی پیش گوئی کی ہے، شہریوں کو احتیاط کی ہدایت کی گئی ہے اور انتظامیہ کو ہنگامی اقدامات کرنے کا حکم دیا گیا ہے۔ عدالت نے کیس کی سماعت کے دوران فریقین کو نوٹس جاری کرتے ہوئے جواب طلب کر لیا اور سماعت ملتوی کر دی۔ حکومت نے عوام کی سہولت کے لئے نئے منصوبوں کا اعلان کیا ہے جن پر کام جلد شروع کیا جائے گا۔ پاکستان کے مختلف شہروں میں بارشوں کا سلسلہ جاری ہے، محکمہ موسمیات نے آئندہ دنوں میں مزید بارشوں کی پیش گوئی کی ہے، شہریوں کو احتیاط کی ہدایت کی گئی ہے اور انتظامیہ کو ہنگامی اقدامات کرنے کا حکم دیا گیا ہے۔ عدالت نے کیس کی سماعت کے دوران فریقین کو نوٹس جاری کرتے ہوئے جواب طلب کر لیا اور سماعت ملتوی کر دی۔ حکومت نے عوام کی سہولت کے لئے نئے منصوبوں کا اعلان کیا ہے جن پر کام جلد شروع کیا جائے گا۔

9
امریکا

پاکستان کے مختلف شہروں میں بارشوں کا سلسلہ جاری ہے، محکمہ موسمیات نے آئندہ دنوں میں مزید بارشوں کی پیش گوئی کی ہے، شہریوں کو احتیاط کی ہدایت کی گئی ہے اور انتظامیہ کو ہنگامی اقدامات کرنے کا حکم دیا گیا ہے۔ عدالت نے کیس کی سماعت کے دوران فریقین کو نوٹس جاری کرتے ہوئے جواب طلب کر لیا اور سماعت ملتوی کر دی۔ حکومت نے عوام کی سہولت کے لئے نئے منصوبوں کا اعلان کیا ہے جن پر کام جلد شروع کیا جائے گا۔ پاکستان کے مختلف شہروں میں بارشوں کا سلسلہ جاری ہے، محکمہ موسمیات نے آئندہ دنوں میں مزید بارشوں کی پیش گوئی کی ہے، شہریوں کو احتیاط کی ہدایت کی گئی ہے اور انتظامیہ کو ہنگامی اقدامات کرنے کا حکم دیا گیا ہے۔ عدالت نے کیس کی سماعت کے دوران فریقین کو نوٹس جاری کرتے ہوئے جواب طلب کر لیا اور سماعت ملتوی کر دی۔ حکومت نے عوام کی سہولت کے لئے نئے منصوبوں کا اعلان کیا ہے جن پر کام جلد شروع کیا جائے گا۔ پاکستان کے مختلف شہروں میں بارشوں کا سلسلہ جاری ہے، محکمہ موسمیات نے آئندہ دنوں میں مزید بارشوں کی پیش گوئی کی ہے، شہریوں کو احتیاط کی ہدایت کی گئی ہے اور انتظامیہ کو ہنگامی اقدامات کرنے کا حکم دیا گیا ہے۔ عدالت نے کیس کی سماعت کے دوران فریقین کو نوٹس جاری کرتے ہوئے جواب طلب کر لیا اور سماعت ملتوی کر دی۔ حکومت نے عوام کی سہولت کے لئے نئے منصوبوں کا اعلان کیا ہے جن پر کام جلد شروع کیا جائے گا۔ پاکستان کے مختلف شہروں میں بارشوں کا سلسلہ جاری ہے، محکمہ موسمیات نے آئندہ دنوں میں مزید بارشوں کی پیش گوئی کی ہے، شہریوں کو احتیاط کی ہدایت کی گئی ہے اور انتظامیہ کو ہنگامی اقدامات کرنے کا حکم دیا گیا ہے۔ عدالت نے کیس کی سماعت کے دوران فریقین کو نوٹس جاری کرتے ہوئے جواب طلب کر لیا اور سماعت ملتوی کر دی۔ حکومت نے عوام کی سہولت کے لئے نئے منصوبوں کا اعلان کیا ہے جن پر کام جلد شروع کیا جائے گا۔

10
پیپلز پارٹی

پاکستان کے مختلف شہروں میں بارشوں کا سلسلہ جاری ہے، محکمہ موسمیات نے آئندہ دنوں میں مزید بارشوں کی پیش گوئی کی ہے، شہریوں کو احتیاط کی ہدایت کی گئی ہے اور انتظامیہ کو ہنگامی اقدامات کرنے کا حکم دیا گیا ہے۔ عدالت نے کیس کی سماعت کے دوران فریقین کو نوٹس جاری کرتے ہوئے جواب طلب کر لیا اور سماعت ملتوی کر دی۔ حکومت نے عوام کی سہولت کے لئے نئے منصوبوں کا اعلان کیا ہے جن پر کام جلد شروع کیا جائے گا۔ پاکستان کے مختلف شہروں میں بارشوں کا سلسلہ جاری ہے، محکمہ موسمیات نے آئندہ دنوں میں مزید بارشوں کی پیش گوئی کی ہے، شہریوں کو احتیاط کی ہدایت کی گئی ہے اور انتظامیہ کو ہنگامی اقدامات کرنے کا حکم دیا گیا ہے۔ عدالت نے کیس کی سماعت کے دوران فریقین کو نوٹس جاری کرتے ہوئے جواب طلب کر لیا اور سماعت ملتوی کر دی۔ حکومت نے عوام کی سہولت کے لئے نئے منصوبوں کا اعلان کیا ہے جن پر کام جلد شروع کیا جائے گا۔

11
بجٹ تقریب

پاکستان کے مختلف شہروں میں بارشوں کا سلسلہ جاری ہے، محکمہ موسمیات نے آئندہ دنوں میں مزید بارشوں کی پیش گوئی کی ہے، شہریوں کو احتیاط کی ہدایت کی گئی ہے اور انتظامیہ کو ہنگامی اقدامات کرنے کا حکم دیا گیا ہے۔ عدالت نے کیس کی سماعت کے دوران فریقین کو نوٹس جاری کرتے ہوئے جواب طلب کر لیا اور سماعت ملتوی کر دی۔ حکومت نے عوام کی سہولت کے لئے نئے منصوبوں کا اعلان کیا ہے جن پر کام جلد شروع کیا جائے گا۔ پاکستان کے مختلف شہروں میں بارشوں کا سلسلہ جاری ہے، محکمہ موسمیات نے آئندہ دنوں میں مزید بارشوں کی پیش گوئی کی ہے، شہریوں کو احتیاط کی ہدایت کی گئی ہے اور انتظامیہ کو ہنگامی اقدامات کرنے کا حکم دیا گیا ہے۔ عدالت نے کیس کی سماعت کے دوران فریقین کو نوٹس جاری کرتے ہوئے جواب طلب کر لیا اور سماعت ملتوی کر دی۔ حکومت نے عوام کی سہولت کے لئے نئے منصوبوں کا اعلان کیا ہے جن پر کام جلد شروع کیا جائے گا۔ پاکستان کے مختلف شہروں میں بارشوں کا سلسلہ جاری ہے، محکمہ موسمیات نے آئندہ دنوں میں مزید بارشوں کی پیش گوئی کی ہے، شہریوں کو احتیاط کی ہدایت کی گئی ہے اور انتظامیہ کو ہنگامی اقدامات کرنے کا حکم دیا گیا ہے۔ عدالت نے کیس کی سماعت کے دوران فریقین کو نوٹس جاری کرتے ہوئے جواب طلب کر لیا اور سماعت ملتوی کر دی۔ حکومت نے عوام کی سہولت کے لئے نئے منصوبوں کا اعلان کیا ہے جن پر کام جلد شروع کیا جائے گا۔ پاکستان کے مختلف شہروں میں بارشوں کا سلسلہ جاری ہے، محکمہ موسمیات نے آئندہ دنوں میں مزید بارشوں کی پیش گوئی کی ہے، شہریوں کو احتیاط کی ہدایت کی گئی ہے اور انتظامیہ کو ہنگامی اقدامات کرنے کا حکم دیا گیا ہے۔ عدالت نے کیس کی سماعت کے دوران فریقین کو نوٹس جاری کرتے ہوئے جواب طلب کر لیا اور سماعت ملتوی کر دی۔ حکومت نے عوام کی سہولت کے لئے نئے منصوبوں کا اعلان کیا ہے جن پر کام جلد شروع کیا جائے گا۔ پاکستان کے مختلف شہروں میں بارشوں کا سلسلہ جاری ہے، محکمہ موسمیات نے آئندہ دنوں میں مزید بارشوں کی پیش گوئی کی ہے، شہریوں کو احتیاط کی ہدایت کی گئی ہے اور انتظامیہ کو ہنگامی اقدامات کرنے کا حکم دیا گیا ہے۔ عدالت نے کیس کی سماعت کے دوران فریقین کو نوٹس جاری کرتے ہوئے جواب طلب کر لیا اور سماعت ملتوی کر دی۔ حکومت نے عوام کی سہولت کے لئے نئے منصوبوں کا اعلان کیا ہے جن پر کام جلد شروع کیا جائے گا۔ پاکستان کے مختلف شہروں میں بارشوں کا سلسلہ جاری ہے، محکمہ موسمیات نے آئندہ دنوں میں مزید بارشوں کی پیش گوئی کی ہے، شہریوں کو احتیاط کی ہدایت کی گئی ہے اور انتظامیہ کو ہنگامی اقدامات کرنے کا حکم دیا گیا ہے۔ عدالت نے کیس کی سماعت کے دوران فریقین کو نوٹس جاری کرتے ہوئے جواب طلب کر لیا اور سماعت ملتوی کر دی۔ حکومت نے عوام کی سہولت کے لئے نئے منصوبوں کا اعلان کیا ہے جن پر کام جلد شروع کیا جائے گا۔

پاکستان کے مختلف شہروں میں بارشوں کا سلسلہ جاری ہے، محکمہ موسمیات نے آئندہ دنوں میں مزید بارشوں کی پیش گوئی کی ہے، شہریوں کو احتیاط کی ہدایت کی گئی ہے اور انتظامیہ کو ہنگامی اقدامات کرنے کا حکم دیا گیا ہے۔ عدالت نے کیس کی سماعت کے دوران فریقین کو نوٹس جاری کرتے ہوئے جواب طلب کر لیا اور سماعت ملتوی کر دی۔ حکومت نے عوام کی سہولت کے لئے نئے منصوبوں کا اعلان کیا ہے جن پر کام جلد شروع کیا جائے گا۔ پاکستان کے مختلف شہروں میں بارشوں کا سلسلہ جاری ہے، محکمہ موسمیات نے آئندہ دنوں میں مزید بارشوں کی پیش گوئی کی ہے، شہریوں کو احتیاط کی ہدایت کی گئی ہے اور انتظامیہ کو ہنگامی اقدامات کرنے کا حکم دیا گیا ہے۔ عدالت نے کیس کی سماعت کے دوران فریقین کو نوٹس جاری کرتے ہوئے جواب طلب کر لیا اور سماعت ملتوی کر دی۔ حکومت نے عوام کی سہولت کے لئے نئے منصوبوں کا اعلان کیا ہے جن پر کام جلد شروع کیا جائے گا۔

4
قیمت تعلیم

پاکستان کے مختلف شہروں میں بارشوں کا سلسلہ جاری ہے، محکمہ موسمیات نے آئندہ دنوں میں مزید بارشوں کی پیش گوئی کی ہے، شہریوں کو احتیاط کی ہدایت کی گئی ہے اور انتظامیہ کو ہنگامی اقدامات کرنے کا حکم دیا گیا ہے۔ عدالت نے کیس کی سماعت کے دوران فریقین کو نوٹس جاری کرتے ہوئے جواب طلب کر لیا اور سماعت ملتوی کر دی۔ حکومت نے عوام کی سہولت کے لئے نئے منصوبوں کا اعلان کیا ہے جن پر کام جلد شروع کیا جائے گا۔ پاکستان کے مختلف شہروں میں بارشوں کا سلسلہ جاری ہے، محکمہ موسمیات نے آئندہ دنوں میں مزید بارشوں کی پیش گوئی کی ہے، شہریوں کو احتیاط کی ہدایت کی گئی ہے اور انتظامیہ کو ہنگامی اقدامات کرنے کا حکم دیا گیا ہے۔ عدالت نے کیس کی سماعت کے دوران فریقین کو نوٹس جاری کرتے ہوئے جواب طلب کر لیا اور سماعت ملتوی کر دی۔ حکومت نے عوام کی سہولت کے لئے نئے منصوبوں کا اعلان کیا ہے جن پر کام جلد شروع کیا جائے گا۔

5
شرم غلاف ماڈلز

پاکستان کے مختلف شہروں میں بارشوں کا سلسلہ جاری ہے، محکمہ موسمیات نے آئندہ دنوں میں مزید بارشوں کی پیش گوئی کی ہے، شہریوں کو احتیاط کی ہدایت کی گئی ہے اور انتظامیہ کو ہنگامی اقدامات کرنے کا حکم دیا گیا ہے۔ عدالت نے کیس کی سماعت کے دوران فریقین کو نوٹس جاری کرتے ہوئے جواب طلب کر لیا اور سماعت ملتوی کر دی۔ حکومت نے عوام کی سہولت کے لئے نئے منصوبوں کا اعلان کیا ہے جن پر کام جلد شروع کیا جائے گا۔ پاکستان کے مختلف شہروں میں بارشوں کا سلسلہ جاری ہے، محکمہ موسمیات نے آئندہ دنوں میں مزید بارشوں کی پیش گوئی کی ہے، شہریوں کو احتیاط کی ہدایت کی گئی ہے اور انتظامیہ کو ہنگامی اقدامات کرنے کا حکم دیا گیا ہے۔ عدالت نے کیس کی سماعت کے دوران فریقین کو نوٹس جاری کرتے ہوئے جواب طلب کر لیا اور سماعت ملتوی کر دی۔ حکومت نے عوام کی سہولت کے لئے نئے منصوبوں کا اعلان کیا ہے جن پر کام جلد شروع کیا جائے گا۔ پاکستان کے مختلف شہروں میں بارشوں کا سلسلہ جاری ہے، محکمہ موسمیات نے آئندہ دنوں میں مزید بارشوں کی پیش گوئی کی ہے، شہریوں کو احتیاط کی ہدایت کی گئی ہے اور انتظامیہ کو ہنگامی اقدامات کرنے کا حکم دیا گیا ہے۔ عدالت نے کیس کی سماعت کے دوران فریقین کو نوٹس جاری کرتے ہوئے جواب طلب کر لیا اور سماعت ملتوی کر دی۔ حکومت نے عوام کی سہولت کے لئے نئے منصوبوں کا اعلان کیا ہے جن پر کام جلد شروع کیا جائے گا۔

6
قیمتی اسٹینڈ

پاکستان کے مختلف شہروں میں بارشوں کا سلسلہ جاری ہے، محکمہ موسمیات نے آئندہ دنوں میں مزید بارشوں کی پیش گوئی کی ہے، شہریوں کو احتیاط کی ہدایت کی گئی ہے اور انتظامیہ کو ہنگامی اقدامات کرنے کا حکم دیا گیا ہے۔ عدالت نے کیس کی سماعت کے دوران فریقین کو نوٹس جاری کرتے ہوئے جواب طلب کر لیا اور سماعت ملتوی کر دی۔ حکومت نے عوام کی سہولت کے لئے نئے منصوبوں کا اعلان کیا ہے جن پر کام جلد شروع کیا جائے گا۔ پاکستان کے مختلف شہروں میں بارشوں کا سلسلہ جاری ہے، محکمہ موسمیات نے آئندہ دنوں میں مزید بارشوں کی پیش گوئی کی ہے، شہریوں کو احتیاط کی ہدایت کی گئی ہے اور انتظامیہ کو ہنگامی اقدامات کرنے کا حکم دیا گیا ہے۔ عدالت نے کیس کی سماعت کے دوران فریقین کو نوٹس جاری کرتے ہوئے جواب طلب کر لیا اور سماعت ملتوی کر دی۔ حکومت نے عوام کی سہولت کے لئے نئے منصوبوں کا اعلان کیا ہے جن پر کام جلد شروع کیا جائے گا۔ پاکستان کے مختلف شہروں میں بارشوں کا سلسلہ جاری ہے، محکمہ موسمیات نے آئندہ دنوں میں مزید بارشوں کی پیش گوئی کی ہے، شہریوں کو احتیاط کی ہدایت کی گئی ہے اور انتظامیہ کو ہنگامی اقدامات کرنے کا حکم دیا گیا ہے۔ عدالت نے کیس کی سماعت کے دوران فریقین کو نوٹس جاری کرتے ہوئے جواب طلب کر لیا اور سماعت ملتوی کر دی۔ حکومت نے عوام کی سہولت کے لئے نئے منصوبوں کا اعلان کیا ہے جن پر کام جلد شروع کیا جائے گا۔

7
ڈپٹی ڈائریکٹر

پاکستان کے مختلف شہروں میں بارشوں کا سلسلہ جاری ہے، محکمہ موسمیات نے آئندہ دنوں میں مزید بارشوں کی پیش گوئی کی ہے، شہریوں کو احتیاط کی ہدایت کی گئی ہے اور انتظامیہ کو ہنگامی اقدامات کرنے کا حکم دیا گیا ہے۔ عدالت نے کیس کی سماعت کے دوران فریقین کو نوٹس جاری کرتے ہوئے جواب طلب کر لیا اور سماعت ملتوی کر دی۔ حکومت نے عوام کی سہولت کے لئے نئے منصوبوں کا اعلان کیا ہے جن پر کام جلد شروع کیا جائے گا۔ پاکستان کے مختلف شہروں میں بارشوں کا سلسلہ جاری ہے، محکمہ موسمیات نے آئندہ دنوں میں مزید بارشوں کی پیش گوئی کی ہے، شہریوں کو احتیاط کی ہدایت کی گئی ہے اور انتظامیہ کو ہنگامی اقدامات کرنے کا حکم دیا گیا ہے۔ عدالت نے کیس کی سماعت کے دوران فریقین کو نوٹس جاری کرتے ہوئے جواب طلب کر لیا اور سماعت ملتوی کر دی۔ حکومت نے عوام کی سہولت کے لئے نئے منصوبوں کا اعلان کیا ہے جن پر کام جلد شروع کیا جائے گا۔ پاکستان کے مختلف شہروں میں بارشوں کا سلسلہ جاری ہے، محکمہ موسمیات نے آئندہ دنوں میں مزید بارشوں کی پیش گوئی کی ہے، شہریوں کو احتیاط کی ہدایت کی گئی ہے اور انتظامیہ کو ہنگامی اقدامات کرنے کا حکم دیا گیا ہے۔ عدالت نے کیس کی سماعت کے دوران فریقین کو نوٹس جاری کرتے ہوئے جواب طلب کر لیا اور سماعت ملتوی کر دی۔ حکومت نے عوام کی سہولت کے لئے نئے منصوبوں کا اعلان کیا ہے جن پر کام جلد شروع کیا جائے گا۔

8
شرم ناک

پاکستان کے مختلف شہروں میں بارشوں کا سلسلہ جاری ہے، محکمہ موسمیات نے آئندہ دنوں میں مزید بارشوں کی پیش گوئی کی ہے، شہریوں کو احتیاط کی ہدایت کی گئی ہے اور انتظامیہ کو ہنگامی اقدامات کرنے کا حکم دیا گیا ہے۔ عدالت نے کیس کی سماعت کے دوران فریقین کو نوٹس جاری کرتے ہوئے جواب طلب کر لیا اور سماعت ملتوی کر دی۔ حکومت نے عوام کی سہولت کے لئے نئے منصوبوں کا اعلان کیا ہے جن پر کام جلد شروع کیا جائے گا۔

1
ڈرائیکی میں سیلابی

پاکستان کے مختلف شہروں میں بارشوں کا سلسلہ جاری ہے، محکمہ موسمیات نے آئندہ دنوں میں مزید بارشوں کی پیش گوئی کی ہے، شہریوں کو احتیاط کی ہدایت کی گئی ہے اور انتظامیہ کو ہنگامی اقدامات کرنے کا حکم دیا گیا ہے۔ عدالت نے کیس کی سماعت کے دوران فریقین کو نوٹس جاری کرتے ہوئے جواب طلب کر لیا اور سماعت ملتوی کر دی۔ حکومت نے عوام کی سہولت کے لئے نئے منصوبوں کا اعلان کیا ہے جن پر کام جلد شروع کیا جائے گا۔ پاکستان کے مختلف شہروں میں بارشوں کا سلسلہ جاری ہے، محکمہ موسمیات نے آئندہ دنوں میں مزید بارشوں کی پیش گوئی کی ہے، شہریوں کو احتیاط کی ہدایت کی گئی ہے اور انتظامیہ کو ہنگامی اقدامات کرنے کا حکم دیا گیا ہے۔ عدالت نے کیس کی سماعت کے دوران فریقین کو نوٹس جاری کرتے ہوئے جواب طلب کر لیا اور سماعت ملتوی کر دی۔ حکومت نے عوام کی سہولت کے لئے نئے منصوبوں کا اعلان کیا ہے جن پر کام جلد شروع کیا جائے گا۔ پاکستان کے مختلف شہروں میں بارشوں کا سلسلہ جاری ہے، محکمہ موسمیات نے آئندہ دنوں میں مزید بارشوں کی پیش گوئی کی ہے، شہریوں کو احتیاط کی ہدایت کی گئی ہے اور انتظامیہ کو ہنگامی اقدامات کرنے کا حکم دیا گیا ہے۔ عدالت نے کیس کی سماعت کے دوران فریقین کو نوٹس جاری کرتے ہوئے جواب طلب کر لیا اور سماعت ملتوی کر دی۔ حکومت نے عوام کی سہولت کے لئے نئے منصوبوں کا اعلان کیا ہے جن پر کام جلد شروع کیا جائے گا۔ پاکستان کے مختلف شہروں میں بارشوں کا سلسلہ جاری ہے، محکمہ موسمیات نے آئندہ دنوں میں مزید بارشوں کی پیش گوئی کی ہے، شہریوں کو احتیاط کی ہدایت کی گئی ہے اور انتظامیہ کو ہنگامی اقدامات کرنے کا حکم دیا گیا ہے۔ عدالت نے کیس کی سماعت کے دوران فریقین کو نوٹس جاری کرتے ہوئے جواب طلب کر لیا اور سماعت ملتوی کر دی۔ حکومت نے عوام کی سہولت کے لئے نئے منصوبوں کا اعلان کیا ہے جن پر کام جلد شروع کیا جائے گا۔ پاکستان کے مختلف شہروں میں بارشوں کا سلسلہ جاری ہے، محکمہ موسمیات نے آئندہ دنوں میں مزید بارشوں کی پیش گوئی کی ہے، شہریوں کو احتیاط کی ہدایت کی گئی ہے اور انتظامیہ کو ہنگامی اقدامات کرنے کا حکم دیا گیا ہے۔ عدالت نے کیس کی سماعت کے دوران فریقین کو نوٹس جاری کرتے ہوئے جواب طلب کر لیا اور سماعت ملتوی کر دی۔ حکومت نے عوام کی سہولت کے لئے نئے منصوبوں کا اعلان کیا ہے جن پر کام جلد شروع کیا جائے گا۔ پاکستان کے مختلف شہروں میں بارشوں کا سلسلہ جاری ہے، محکمہ موسمیات نے آئندہ دنوں میں مزید بارشوں کی پیش گوئی کی ہے، شہریوں کو احتیاط کی ہدایت کی گئی ہے اور انتظامیہ کو ہنگامی اقدامات کرنے کا حکم دیا گیا ہے۔ عدالت نے کیس کی سماعت کے دوران فریقین کو نوٹس جاری کرتے ہوئے جواب طلب کر لیا اور سماعت ملتوی کر دی۔ حکومت نے عوام کی سہولت کے لئے نئے منصوبوں کا اعلان کیا ہے جن پر کام جلد شروع کیا جائے گا۔ پاکستان کے مختلف شہروں میں بارشوں کا سلسلہ جاری ہے، محکمہ موسمیات نے آئندہ دنوں میں مزید بارشوں کی پیش گوئی کی ہے، شہریوں کو احتیاط کی ہدایت کی گئی ہے اور انتظامیہ کو ہنگامی اقدامات کرنے کا حکم دیا گیا ہے۔ عدالت نے کیس کی سماعت کے دوران فریقین کو نوٹس جاری کرتے ہوئے جواب طلب کر لیا اور سماعت ملتوی کر دی۔ حکومت نے عوام کی سہولت کے لئے نئے منصوبوں کا اعلان کیا ہے جن پر کام جلد شروع کیا جائے گا۔ پاکستان کے مختلف شہروں میں بارشوں کا سلسلہ جاری ہے، محکمہ موسمیات نے آئندہ دنوں میں مزید بارشوں کی پیش گوئی کی ہے، شہریوں کو احتیاط کی ہدایت کی گئی ہے اور انتظامیہ کو ہنگامی اقدامات کرنے کا حکم دیا گیا ہے۔ عدالت نے کیس کی سماعت کے دوران فریقین کو نوٹس جاری کرتے ہوئے جواب طلب کر لیا اور سماعت ملتوی کر دی۔ حکومت نے عوام کی سہولت کے لئے نئے منصوبوں کا اعلان کیا ہے جن پر کام جلد شروع کیا جائے گا۔ پاکستان کے مختلف شہروں میں بارشوں کا سلسلہ جاری ہے، محکمہ موسمیات نے آئندہ دنوں میں مزید بارشوں کی پیش گوئی کی ہے، شہریوں کو احتیاط کی ہدایت کی گئی ہے اور انتظامیہ کو ہنگامی اقدامات کرنے کا حکم دیا گیا ہے۔ عدالت نے کیس کی سماعت کے دوران فریقین کو نوٹس جاری کرتے ہوئے جواب طلب کر لیا اور سماعت ملتوی کر دی۔ حکومت نے عوام کی سہولت کے لئے نئے منصوبوں کا اعلان کیا ہے جن پر کام جلد شروع کیا جائے گا۔

2
غزہ کے 15 شہید

پاکستان کے مختلف شہروں میں بارشوں کا سلسلہ جاری ہے، محکمہ موسمیات نے آئندہ دنوں میں مزید بارشوں کی پیش گوئی کی ہے، شہریوں کو احتیاط کی ہدایت کی گئی ہے اور انتظامیہ کو ہنگامی اقدامات کرنے کا حکم دیا گیا ہے۔ عدالت نے کیس کی سماعت کے دوران فریقین کو نوٹس جاری کرتے ہوئے جواب طلب کر لیا اور سماعت ملتوی کر دی۔ حکومت نے عوام کی سہولت کے لئے نئے منصوبوں کا اعلان کیا ہے جن پر کام جلد شروع کیا جائے گا۔ پاکستان کے مختلف شہروں میں بارشوں کا سلسلہ جاری ہے، محکمہ موسمیات نے آئندہ دنوں میں مزید بارشوں کی پیش گوئی کی ہے، شہریوں کو احتیاط کی ہدایت کی گئی ہے اور انتظامیہ کو ہنگامی اقدامات کرنے کا حکم دیا گیا ہے۔ عدالت نے کیس کی سماعت کے دوران فریقین کو نوٹس جاری کرتے ہوئے جواب طلب کر لیا اور سماعت ملتوی کر دی۔ حکومت نے عوام کی سہولت کے لئے نئے منصوبوں کا اعلان کیا ہے جن پر کام جلد شروع کیا جائے گا۔ پاکستان کے مختلف شہروں میں بارشوں کا سلسلہ جاری ہے، محکمہ موسمیات نے آئندہ دنوں میں مزید بارشوں کی پیش گوئی کی ہے، شہریوں کو احتیاط کی ہدایت کی گئی ہے اور انتظامیہ کو ہنگامی اقدامات کرنے کا حکم دیا گیا ہے۔ عدالت نے کیس کی سماعت کے دوران فریقین کو نوٹس جاری کرتے ہوئے جواب طلب کر لیا اور سماعت ملتوی کر دی۔ حکومت نے عوام کی سہولت کے لئے نئے منصوبوں کا اعلان کیا ہے جن پر کام جلد شروع کیا جائے گا۔ پاکستان کے مختلف شہروں میں بارشوں کا سلسلہ جاری ہے، محکمہ موسمیات نے آئندہ دنوں میں مزید بارشوں کی پیش گوئی کی ہے، شہریوں کو احتیاط کی ہدایت کی گئی ہے اور انتظامیہ کو ہنگامی اقدامات کرنے کا حکم دیا گیا ہے۔ عدالت نے کیس کی سماعت کے دوران فریقین کو نوٹس جاری کرتے ہوئے جواب طلب کر لیا اور سماعت ملتوی کر دی۔ حکومت نے عوام کی سہولت کے لئے نئے منصوبوں کا اعلان کیا ہے جن پر کام جلد شروع کیا جائے گا۔ پاکستان کے مختلف شہروں میں بارشوں کا سلسلہ جاری ہے، محکمہ موسمیات نے آئندہ دنوں میں مزید بارشوں کی پیش گوئی کی ہے، شہریوں کو احتیاط کی ہدایت کی گئی ہے اور انتظامیہ کو ہنگامی اقدامات کرنے کا حکم دیا گیا ہے۔ عدالت نے کیس کی سماعت کے دوران فریقین کو نوٹس جاری کرتے ہوئے جواب طلب کر لیا اور سماعت ملتوی کر دی۔ حکومت نے عوام کی سہولت کے لئے نئے منصوبوں کا اعلان کیا ہے جن پر کام جلد شروع کیا جائے گا۔

3
ٹائر سے ہلاکت

پاکستان کے مختلف شہروں میں بارشوں کا سلسلہ جاری ہے، محکمہ موسمیات نے آئندہ دنوں میں مزید بارشوں کی پیش گوئی کی ہے، شہریوں کو احتیاط کی ہدایت کی گئی ہے اور انتظامیہ کو ہنگامی اقدامات کرنے کا حکم دیا گیا ہے۔ عدالت نے کیس کی سماعت کے دوران فریقین کو نوٹس جاری کرتے ہوئے جواب طلب کر لیا اور سماعت ملتوی کر دی۔ حکومت نے عوام کی سہولت کے لئے نئے منصوبوں کا اعلان کیا ہے جن پر کام جلد شروع کیا جائے گا۔ پاکستان کے مختلف شہروں میں بارشوں کا سلسلہ جاری ہے، محکمہ موسمیات نے آئندہ دنوں میں مزید بارشوں کی پیش گوئی کی ہے، شہریوں کو احتیاط کی ہدایت کی گئی ہے اور انتظامیہ کو ہنگامی اقدامات کرنے کا حکم دیا گیا ہے۔ عدالت نے کیس کی سماعت کے دوران فریقین کو نوٹس جاری کرتے ہوئے جواب طلب کر لیا اور سماعت ملتوی کر دی۔ حکومت نے عوام کی سہولت کے لئے نئے منصوبوں کا اعلان کیا ہے جن پر کام جلد شروع کیا جائے گا۔ پاکستان کے مختلف شہروں میں بارشوں کا سلسلہ جاری ہے، محکمہ موسمیات نے آئندہ دنوں میں مزید بارشوں کی پیش گوئی کی ہے، شہریوں کو احتیاط کی ہدایت کی گئی ہے اور انتظامیہ کو ہنگامی اقدامات کرنے کا حکم دیا گیا ہے۔ عدالت نے کیس کی سماعت کے دوران فریقین کو نوٹس جاری کرتے ہوئے جواب طلب کر لیا اور سماعت ملتوی کر دی۔ حکومت نے عوام کی سہولت کے لئے نئے منصوبوں کا اعلان کیا ہے جن پر کام جلد شروع کیا جائے گا۔
